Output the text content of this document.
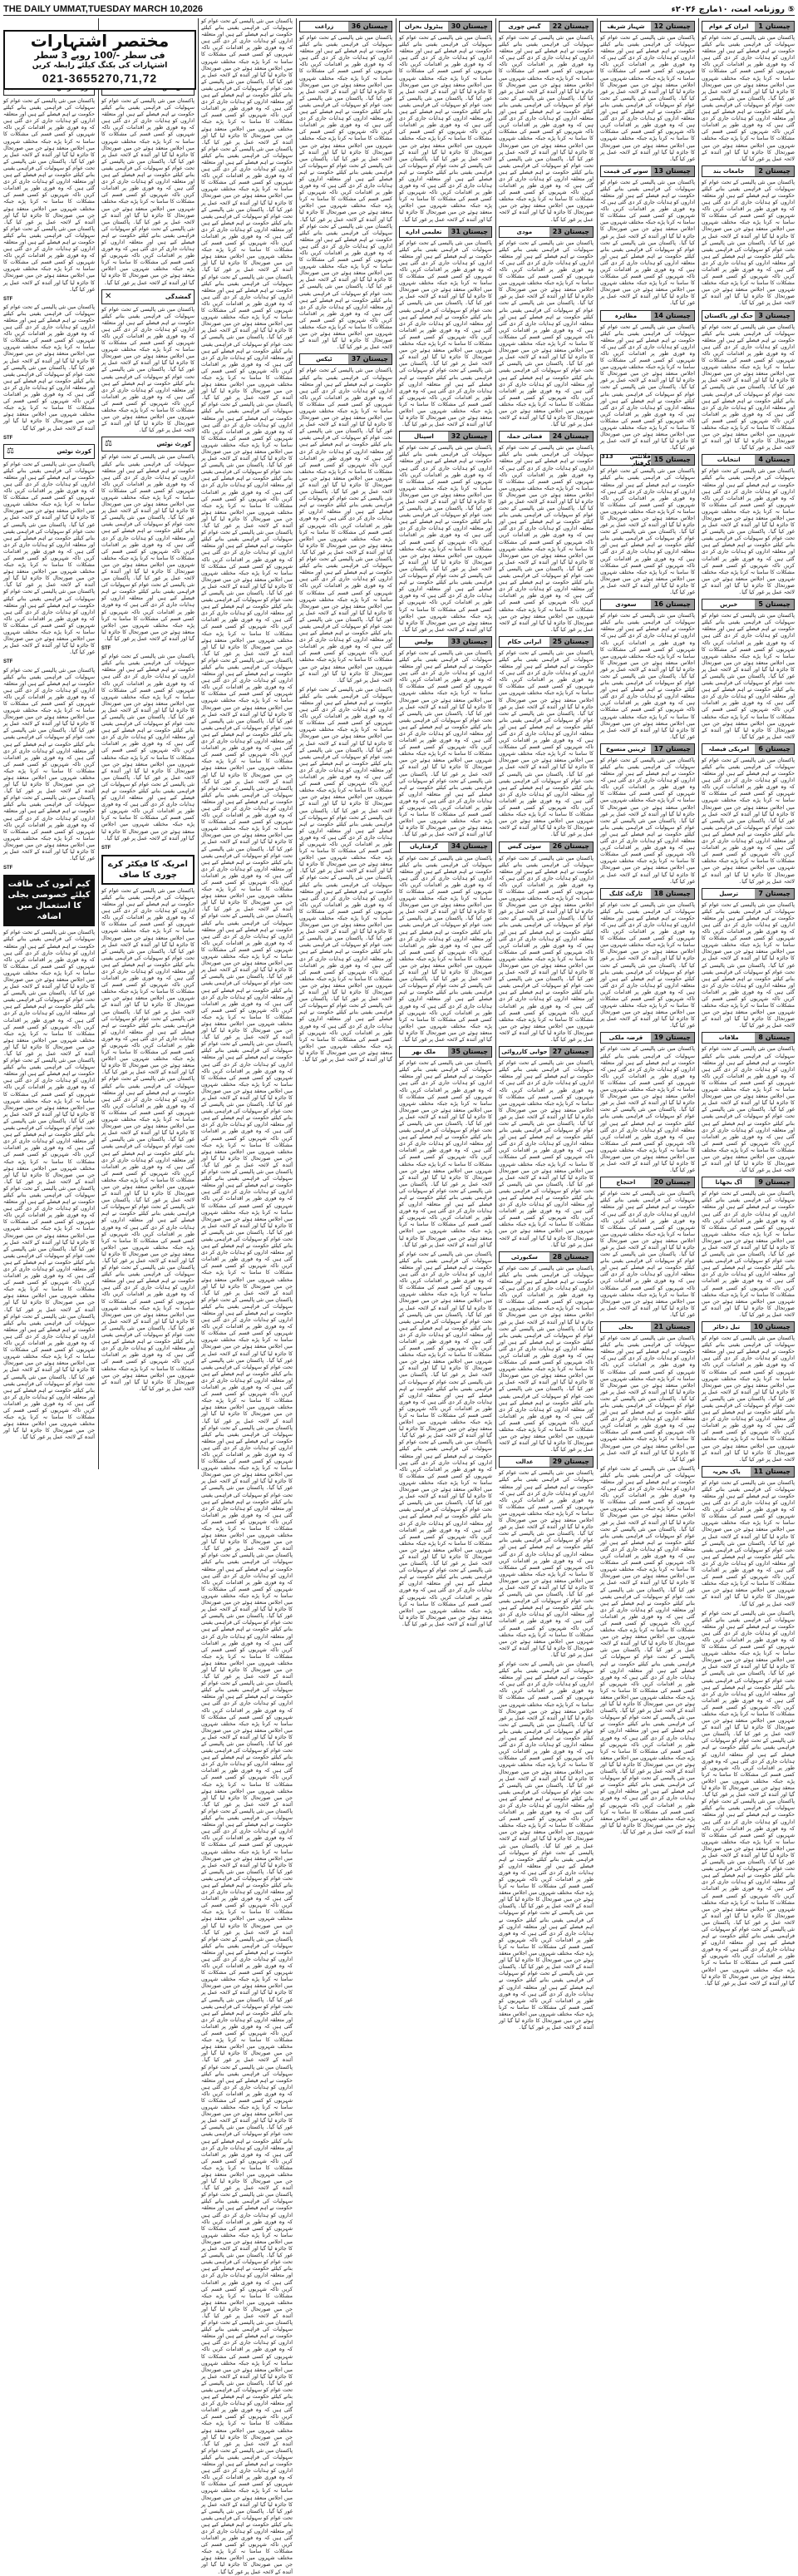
THE DAILY UMMAT,TUESDAY MARCH 10,2026	⑤ روزنامہ امت، ۱۰مارچ ۲۰۲۶ء
چیستان 1
ایران کے عوام
پاکستان میں نئی پالیسی کے تحت عوام کو سہولیات کی فراہمی یقینی بنانے کیلئے حکومت نے اہم فیصلے کیے ہیں اور متعلقہ اداروں کو ہدایات جاری کر دی گئی ہیں کہ وہ فوری طور پر اقدامات کریں تاکہ شہریوں کو کسی قسم کی مشکلات کا سامنا نہ کرنا پڑے جبکہ مختلف شہروں میں اجلاس منعقد ہوئے جن میں صورتحال کا جائزہ لیا گیا اور آئندہ کے لائحہ عمل پر غور کیا گیا۔ پاکستان میں نئی پالیسی کے تحت عوام کو سہولیات کی فراہمی یقینی بنانے کیلئے حکومت نے اہم فیصلے کیے ہیں اور متعلقہ اداروں کو ہدایات جاری کر دی گئی ہیں کہ وہ فوری طور پر اقدامات کریں تاکہ شہریوں کو کسی قسم کی مشکلات کا سامنا نہ کرنا پڑے جبکہ مختلف شہروں میں اجلاس منعقد ہوئے جن میں صورتحال کا جائزہ لیا گیا اور آئندہ کے لائحہ عمل پر غور کیا گیا۔
چیستان 2
جامعات بند
پاکستان میں نئی پالیسی کے تحت عوام کو سہولیات کی فراہمی یقینی بنانے کیلئے حکومت نے اہم فیصلے کیے ہیں اور متعلقہ اداروں کو ہدایات جاری کر دی گئی ہیں کہ وہ فوری طور پر اقدامات کریں تاکہ شہریوں کو کسی قسم کی مشکلات کا سامنا نہ کرنا پڑے جبکہ مختلف شہروں میں اجلاس منعقد ہوئے جن میں صورتحال کا جائزہ لیا گیا اور آئندہ کے لائحہ عمل پر غور کیا گیا۔ پاکستان میں نئی پالیسی کے تحت عوام کو سہولیات کی فراہمی یقینی بنانے کیلئے حکومت نے اہم فیصلے کیے ہیں اور متعلقہ اداروں کو ہدایات جاری کر دی گئی ہیں کہ وہ فوری طور پر اقدامات کریں تاکہ شہریوں کو کسی قسم کی مشکلات کا سامنا نہ کرنا پڑے جبکہ مختلف شہروں میں اجلاس منعقد ہوئے جن میں صورتحال کا جائزہ لیا گیا اور آئندہ کے لائحہ عمل پر غور کیا گیا۔
چیستان 3
جنگ اور پاکستان
پاکستان میں نئی پالیسی کے تحت عوام کو سہولیات کی فراہمی یقینی بنانے کیلئے حکومت نے اہم فیصلے کیے ہیں اور متعلقہ اداروں کو ہدایات جاری کر دی گئی ہیں کہ وہ فوری طور پر اقدامات کریں تاکہ شہریوں کو کسی قسم کی مشکلات کا سامنا نہ کرنا پڑے جبکہ مختلف شہروں میں اجلاس منعقد ہوئے جن میں صورتحال کا جائزہ لیا گیا اور آئندہ کے لائحہ عمل پر غور کیا گیا۔ پاکستان میں نئی پالیسی کے تحت عوام کو سہولیات کی فراہمی یقینی بنانے کیلئے حکومت نے اہم فیصلے کیے ہیں اور متعلقہ اداروں کو ہدایات جاری کر دی گئی ہیں کہ وہ فوری طور پر اقدامات کریں تاکہ شہریوں کو کسی قسم کی مشکلات کا سامنا نہ کرنا پڑے جبکہ مختلف شہروں میں اجلاس منعقد ہوئے جن میں صورتحال کا جائزہ لیا گیا اور آئندہ کے لائحہ عمل پر غور کیا گیا۔
چیستان 4
انتخابات
پاکستان میں نئی پالیسی کے تحت عوام کو سہولیات کی فراہمی یقینی بنانے کیلئے حکومت نے اہم فیصلے کیے ہیں اور متعلقہ اداروں کو ہدایات جاری کر دی گئی ہیں کہ وہ فوری طور پر اقدامات کریں تاکہ شہریوں کو کسی قسم کی مشکلات کا سامنا نہ کرنا پڑے جبکہ مختلف شہروں میں اجلاس منعقد ہوئے جن میں صورتحال کا جائزہ لیا گیا اور آئندہ کے لائحہ عمل پر غور کیا گیا۔ پاکستان میں نئی پالیسی کے تحت عوام کو سہولیات کی فراہمی یقینی بنانے کیلئے حکومت نے اہم فیصلے کیے ہیں اور متعلقہ اداروں کو ہدایات جاری کر دی گئی ہیں کہ وہ فوری طور پر اقدامات کریں تاکہ شہریوں کو کسی قسم کی مشکلات کا سامنا نہ کرنا پڑے جبکہ مختلف شہروں میں اجلاس منعقد ہوئے جن میں صورتحال کا جائزہ لیا گیا اور آئندہ کے لائحہ عمل پر غور کیا گیا۔
چیستان 5
خبریں
پاکستان میں نئی پالیسی کے تحت عوام کو سہولیات کی فراہمی یقینی بنانے کیلئے حکومت نے اہم فیصلے کیے ہیں اور متعلقہ اداروں کو ہدایات جاری کر دی گئی ہیں کہ وہ فوری طور پر اقدامات کریں تاکہ شہریوں کو کسی قسم کی مشکلات کا سامنا نہ کرنا پڑے جبکہ مختلف شہروں میں اجلاس منعقد ہوئے جن میں صورتحال کا جائزہ لیا گیا اور آئندہ کے لائحہ عمل پر غور کیا گیا۔ پاکستان میں نئی پالیسی کے تحت عوام کو سہولیات کی فراہمی یقینی بنانے کیلئے حکومت نے اہم فیصلے کیے ہیں اور متعلقہ اداروں کو ہدایات جاری کر دی گئی ہیں کہ وہ فوری طور پر اقدامات کریں تاکہ شہریوں کو کسی قسم کی مشکلات کا سامنا نہ کرنا پڑے جبکہ مختلف شہروں میں اجلاس منعقد ہوئے جن میں صورتحال کا جائزہ لیا گیا اور آئندہ کے لائحہ عمل پر غور کیا گیا۔
چیستان 6
امریکی فیصلہ
پاکستان میں نئی پالیسی کے تحت عوام کو سہولیات کی فراہمی یقینی بنانے کیلئے حکومت نے اہم فیصلے کیے ہیں اور متعلقہ اداروں کو ہدایات جاری کر دی گئی ہیں کہ وہ فوری طور پر اقدامات کریں تاکہ شہریوں کو کسی قسم کی مشکلات کا سامنا نہ کرنا پڑے جبکہ مختلف شہروں میں اجلاس منعقد ہوئے جن میں صورتحال کا جائزہ لیا گیا اور آئندہ کے لائحہ عمل پر غور کیا گیا۔ پاکستان میں نئی پالیسی کے تحت عوام کو سہولیات کی فراہمی یقینی بنانے کیلئے حکومت نے اہم فیصلے کیے ہیں اور متعلقہ اداروں کو ہدایات جاری کر دی گئی ہیں کہ وہ فوری طور پر اقدامات کریں تاکہ شہریوں کو کسی قسم کی مشکلات کا سامنا نہ کرنا پڑے جبکہ مختلف شہروں میں اجلاس منعقد ہوئے جن میں صورتحال کا جائزہ لیا گیا اور آئندہ کے لائحہ عمل پر غور کیا گیا۔
چیستان 7
ترسیل
پاکستان میں نئی پالیسی کے تحت عوام کو سہولیات کی فراہمی یقینی بنانے کیلئے حکومت نے اہم فیصلے کیے ہیں اور متعلقہ اداروں کو ہدایات جاری کر دی گئی ہیں کہ وہ فوری طور پر اقدامات کریں تاکہ شہریوں کو کسی قسم کی مشکلات کا سامنا نہ کرنا پڑے جبکہ مختلف شہروں میں اجلاس منعقد ہوئے جن میں صورتحال کا جائزہ لیا گیا اور آئندہ کے لائحہ عمل پر غور کیا گیا۔ پاکستان میں نئی پالیسی کے تحت عوام کو سہولیات کی فراہمی یقینی بنانے کیلئے حکومت نے اہم فیصلے کیے ہیں اور متعلقہ اداروں کو ہدایات جاری کر دی گئی ہیں کہ وہ فوری طور پر اقدامات کریں تاکہ شہریوں کو کسی قسم کی مشکلات کا سامنا نہ کرنا پڑے جبکہ مختلف شہروں میں اجلاس منعقد ہوئے جن میں صورتحال کا جائزہ لیا گیا اور آئندہ کے لائحہ عمل پر غور کیا گیا۔
چیستان 8
ملاقات
پاکستان میں نئی پالیسی کے تحت عوام کو سہولیات کی فراہمی یقینی بنانے کیلئے حکومت نے اہم فیصلے کیے ہیں اور متعلقہ اداروں کو ہدایات جاری کر دی گئی ہیں کہ وہ فوری طور پر اقدامات کریں تاکہ شہریوں کو کسی قسم کی مشکلات کا سامنا نہ کرنا پڑے جبکہ مختلف شہروں میں اجلاس منعقد ہوئے جن میں صورتحال کا جائزہ لیا گیا اور آئندہ کے لائحہ عمل پر غور کیا گیا۔ پاکستان میں نئی پالیسی کے تحت عوام کو سہولیات کی فراہمی یقینی بنانے کیلئے حکومت نے اہم فیصلے کیے ہیں اور متعلقہ اداروں کو ہدایات جاری کر دی گئی ہیں کہ وہ فوری طور پر اقدامات کریں تاکہ شہریوں کو کسی قسم کی مشکلات کا سامنا نہ کرنا پڑے جبکہ مختلف شہروں میں اجلاس منعقد ہوئے جن میں صورتحال کا جائزہ لیا گیا اور آئندہ کے لائحہ عمل پر غور کیا گیا۔
چیستان 9
آگ بجھانا
پاکستان میں نئی پالیسی کے تحت عوام کو سہولیات کی فراہمی یقینی بنانے کیلئے حکومت نے اہم فیصلے کیے ہیں اور متعلقہ اداروں کو ہدایات جاری کر دی گئی ہیں کہ وہ فوری طور پر اقدامات کریں تاکہ شہریوں کو کسی قسم کی مشکلات کا سامنا نہ کرنا پڑے جبکہ مختلف شہروں میں اجلاس منعقد ہوئے جن میں صورتحال کا جائزہ لیا گیا اور آئندہ کے لائحہ عمل پر غور کیا گیا۔ پاکستان میں نئی پالیسی کے تحت عوام کو سہولیات کی فراہمی یقینی بنانے کیلئے حکومت نے اہم فیصلے کیے ہیں اور متعلقہ اداروں کو ہدایات جاری کر دی گئی ہیں کہ وہ فوری طور پر اقدامات کریں تاکہ شہریوں کو کسی قسم کی مشکلات کا سامنا نہ کرنا پڑے جبکہ مختلف شہروں میں اجلاس منعقد ہوئے جن میں صورتحال کا جائزہ لیا گیا اور آئندہ کے لائحہ عمل پر غور کیا گیا۔
چیستان 10
تیل ذخائر
پاکستان میں نئی پالیسی کے تحت عوام کو سہولیات کی فراہمی یقینی بنانے کیلئے حکومت نے اہم فیصلے کیے ہیں اور متعلقہ اداروں کو ہدایات جاری کر دی گئی ہیں کہ وہ فوری طور پر اقدامات کریں تاکہ شہریوں کو کسی قسم کی مشکلات کا سامنا نہ کرنا پڑے جبکہ مختلف شہروں میں اجلاس منعقد ہوئے جن میں صورتحال کا جائزہ لیا گیا اور آئندہ کے لائحہ عمل پر غور کیا گیا۔ پاکستان میں نئی پالیسی کے تحت عوام کو سہولیات کی فراہمی یقینی بنانے کیلئے حکومت نے اہم فیصلے کیے ہیں اور متعلقہ اداروں کو ہدایات جاری کر دی گئی ہیں کہ وہ فوری طور پر اقدامات کریں تاکہ شہریوں کو کسی قسم کی مشکلات کا سامنا نہ کرنا پڑے جبکہ مختلف شہروں میں اجلاس منعقد ہوئے جن میں صورتحال کا جائزہ لیا گیا اور آئندہ کے لائحہ عمل پر غور کیا گیا۔
چیستان 11
پاک بحریہ
پاکستان میں نئی پالیسی کے تحت عوام کو سہولیات کی فراہمی یقینی بنانے کیلئے حکومت نے اہم فیصلے کیے ہیں اور متعلقہ اداروں کو ہدایات جاری کر دی گئی ہیں کہ وہ فوری طور پر اقدامات کریں تاکہ شہریوں کو کسی قسم کی مشکلات کا سامنا نہ کرنا پڑے جبکہ مختلف شہروں میں اجلاس منعقد ہوئے جن میں صورتحال کا جائزہ لیا گیا اور آئندہ کے لائحہ عمل پر غور کیا گیا۔ پاکستان میں نئی پالیسی کے تحت عوام کو سہولیات کی فراہمی یقینی بنانے کیلئے حکومت نے اہم فیصلے کیے ہیں اور متعلقہ اداروں کو ہدایات جاری کر دی گئی ہیں کہ وہ فوری طور پر اقدامات کریں تاکہ شہریوں کو کسی قسم کی مشکلات کا سامنا نہ کرنا پڑے جبکہ مختلف شہروں میں اجلاس منعقد ہوئے جن میں صورتحال کا جائزہ لیا گیا اور آئندہ کے لائحہ عمل پر غور کیا گیا۔
پاکستان میں نئی پالیسی کے تحت عوام کو سہولیات کی فراہمی یقینی بنانے کیلئے حکومت نے اہم فیصلے کیے ہیں اور متعلقہ اداروں کو ہدایات جاری کر دی گئی ہیں کہ وہ فوری طور پر اقدامات کریں تاکہ شہریوں کو کسی قسم کی مشکلات کا سامنا نہ کرنا پڑے جبکہ مختلف شہروں میں اجلاس منعقد ہوئے جن میں صورتحال کا جائزہ لیا گیا اور آئندہ کے لائحہ عمل پر غور کیا گیا۔ پاکستان میں نئی پالیسی کے تحت عوام کو سہولیات کی فراہمی یقینی بنانے کیلئے حکومت نے اہم فیصلے کیے ہیں اور متعلقہ اداروں کو ہدایات جاری کر دی گئی ہیں کہ وہ فوری طور پر اقدامات کریں تاکہ شہریوں کو کسی قسم کی مشکلات کا سامنا نہ کرنا پڑے جبکہ مختلف شہروں میں اجلاس منعقد ہوئے جن میں صورتحال کا جائزہ لیا گیا اور آئندہ کے لائحہ عمل پر غور کیا گیا۔ پاکستان میں نئی پالیسی کے تحت عوام کو سہولیات کی فراہمی یقینی بنانے کیلئے حکومت نے اہم فیصلے کیے ہیں اور متعلقہ اداروں کو ہدایات جاری کر دی گئی ہیں کہ وہ فوری طور پر اقدامات کریں تاکہ شہریوں کو کسی قسم کی مشکلات کا سامنا نہ کرنا پڑے جبکہ مختلف شہروں میں اجلاس منعقد ہوئے جن میں صورتحال کا جائزہ لیا گیا اور آئندہ کے لائحہ عمل پر غور کیا گیا۔ پاکستان میں نئی پالیسی کے تحت عوام کو سہولیات کی فراہمی یقینی بنانے کیلئے حکومت نے اہم فیصلے کیے ہیں اور متعلقہ اداروں کو ہدایات جاری کر دی گئی ہیں کہ وہ فوری طور پر اقدامات کریں تاکہ شہریوں کو کسی قسم کی مشکلات کا سامنا نہ کرنا پڑے جبکہ مختلف شہروں میں اجلاس منعقد ہوئے جن میں صورتحال کا جائزہ لیا گیا اور آئندہ کے لائحہ عمل پر غور کیا گیا۔ پاکستان میں نئی پالیسی کے تحت عوام کو سہولیات کی فراہمی یقینی بنانے کیلئے حکومت نے اہم فیصلے کیے ہیں اور متعلقہ اداروں کو ہدایات جاری کر دی گئی ہیں کہ وہ فوری طور پر اقدامات کریں تاکہ شہریوں کو کسی قسم کی مشکلات کا سامنا نہ کرنا پڑے جبکہ مختلف شہروں میں اجلاس منعقد ہوئے جن میں صورتحال کا جائزہ لیا گیا اور آئندہ کے لائحہ عمل پر غور کیا گیا۔ پاکستان میں نئی پالیسی کے تحت عوام کو سہولیات کی فراہمی یقینی بنانے کیلئے حکومت نے اہم فیصلے کیے ہیں اور متعلقہ اداروں کو ہدایات جاری کر دی گئی ہیں کہ وہ فوری طور پر اقدامات کریں تاکہ شہریوں کو کسی قسم کی مشکلات کا سامنا نہ کرنا پڑے جبکہ مختلف شہروں میں اجلاس منعقد ہوئے جن میں صورتحال کا جائزہ لیا گیا اور آئندہ کے لائحہ عمل پر غور کیا گیا۔
چیستان 12
شہباز شریف
پاکستان میں نئی پالیسی کے تحت عوام کو سہولیات کی فراہمی یقینی بنانے کیلئے حکومت نے اہم فیصلے کیے ہیں اور متعلقہ اداروں کو ہدایات جاری کر دی گئی ہیں کہ وہ فوری طور پر اقدامات کریں تاکہ شہریوں کو کسی قسم کی مشکلات کا سامنا نہ کرنا پڑے جبکہ مختلف شہروں میں اجلاس منعقد ہوئے جن میں صورتحال کا جائزہ لیا گیا اور آئندہ کے لائحہ عمل پر غور کیا گیا۔ پاکستان میں نئی پالیسی کے تحت عوام کو سہولیات کی فراہمی یقینی بنانے کیلئے حکومت نے اہم فیصلے کیے ہیں اور متعلقہ اداروں کو ہدایات جاری کر دی گئی ہیں کہ وہ فوری طور پر اقدامات کریں تاکہ شہریوں کو کسی قسم کی مشکلات کا سامنا نہ کرنا پڑے جبکہ مختلف شہروں میں اجلاس منعقد ہوئے جن میں صورتحال کا جائزہ لیا گیا اور آئندہ کے لائحہ عمل پر غور کیا گیا۔
چیستان 13
سونے کی قیمت
پاکستان میں نئی پالیسی کے تحت عوام کو سہولیات کی فراہمی یقینی بنانے کیلئے حکومت نے اہم فیصلے کیے ہیں اور متعلقہ اداروں کو ہدایات جاری کر دی گئی ہیں کہ وہ فوری طور پر اقدامات کریں تاکہ شہریوں کو کسی قسم کی مشکلات کا سامنا نہ کرنا پڑے جبکہ مختلف شہروں میں اجلاس منعقد ہوئے جن میں صورتحال کا جائزہ لیا گیا اور آئندہ کے لائحہ عمل پر غور کیا گیا۔ پاکستان میں نئی پالیسی کے تحت عوام کو سہولیات کی فراہمی یقینی بنانے کیلئے حکومت نے اہم فیصلے کیے ہیں اور متعلقہ اداروں کو ہدایات جاری کر دی گئی ہیں کہ وہ فوری طور پر اقدامات کریں تاکہ شہریوں کو کسی قسم کی مشکلات کا سامنا نہ کرنا پڑے جبکہ مختلف شہروں میں اجلاس منعقد ہوئے جن میں صورتحال کا جائزہ لیا گیا اور آئندہ کے لائحہ عمل پر غور کیا گیا۔
چیستان 14
مظاہرہ
پاکستان میں نئی پالیسی کے تحت عوام کو سہولیات کی فراہمی یقینی بنانے کیلئے حکومت نے اہم فیصلے کیے ہیں اور متعلقہ اداروں کو ہدایات جاری کر دی گئی ہیں کہ وہ فوری طور پر اقدامات کریں تاکہ شہریوں کو کسی قسم کی مشکلات کا سامنا نہ کرنا پڑے جبکہ مختلف شہروں میں اجلاس منعقد ہوئے جن میں صورتحال کا جائزہ لیا گیا اور آئندہ کے لائحہ عمل پر غور کیا گیا۔ پاکستان میں نئی پالیسی کے تحت عوام کو سہولیات کی فراہمی یقینی بنانے کیلئے حکومت نے اہم فیصلے کیے ہیں اور متعلقہ اداروں کو ہدایات جاری کر دی گئی ہیں کہ وہ فوری طور پر اقدامات کریں تاکہ شہریوں کو کسی قسم کی مشکلات کا سامنا نہ کرنا پڑے جبکہ مختلف شہروں میں اجلاس منعقد ہوئے جن میں صورتحال کا جائزہ لیا گیا اور آئندہ کے لائحہ عمل پر غور کیا گیا۔
چیستان 15
فلائٹس 313 گرفتار
پاکستان میں نئی پالیسی کے تحت عوام کو سہولیات کی فراہمی یقینی بنانے کیلئے حکومت نے اہم فیصلے کیے ہیں اور متعلقہ اداروں کو ہدایات جاری کر دی گئی ہیں کہ وہ فوری طور پر اقدامات کریں تاکہ شہریوں کو کسی قسم کی مشکلات کا سامنا نہ کرنا پڑے جبکہ مختلف شہروں میں اجلاس منعقد ہوئے جن میں صورتحال کا جائزہ لیا گیا اور آئندہ کے لائحہ عمل پر غور کیا گیا۔ پاکستان میں نئی پالیسی کے تحت عوام کو سہولیات کی فراہمی یقینی بنانے کیلئے حکومت نے اہم فیصلے کیے ہیں اور متعلقہ اداروں کو ہدایات جاری کر دی گئی ہیں کہ وہ فوری طور پر اقدامات کریں تاکہ شہریوں کو کسی قسم کی مشکلات کا سامنا نہ کرنا پڑے جبکہ مختلف شہروں میں اجلاس منعقد ہوئے جن میں صورتحال کا جائزہ لیا گیا اور آئندہ کے لائحہ عمل پر غور کیا گیا۔
چیستان 16
سعودی
پاکستان میں نئی پالیسی کے تحت عوام کو سہولیات کی فراہمی یقینی بنانے کیلئے حکومت نے اہم فیصلے کیے ہیں اور متعلقہ اداروں کو ہدایات جاری کر دی گئی ہیں کہ وہ فوری طور پر اقدامات کریں تاکہ شہریوں کو کسی قسم کی مشکلات کا سامنا نہ کرنا پڑے جبکہ مختلف شہروں میں اجلاس منعقد ہوئے جن میں صورتحال کا جائزہ لیا گیا اور آئندہ کے لائحہ عمل پر غور کیا گیا۔ پاکستان میں نئی پالیسی کے تحت عوام کو سہولیات کی فراہمی یقینی بنانے کیلئے حکومت نے اہم فیصلے کیے ہیں اور متعلقہ اداروں کو ہدایات جاری کر دی گئی ہیں کہ وہ فوری طور پر اقدامات کریں تاکہ شہریوں کو کسی قسم کی مشکلات کا سامنا نہ کرنا پڑے جبکہ مختلف شہروں میں اجلاس منعقد ہوئے جن میں صورتحال کا جائزہ لیا گیا اور آئندہ کے لائحہ عمل پر غور کیا گیا۔
چیستان 17
ٹرینیں منسوخ
پاکستان میں نئی پالیسی کے تحت عوام کو سہولیات کی فراہمی یقینی بنانے کیلئے حکومت نے اہم فیصلے کیے ہیں اور متعلقہ اداروں کو ہدایات جاری کر دی گئی ہیں کہ وہ فوری طور پر اقدامات کریں تاکہ شہریوں کو کسی قسم کی مشکلات کا سامنا نہ کرنا پڑے جبکہ مختلف شہروں میں اجلاس منعقد ہوئے جن میں صورتحال کا جائزہ لیا گیا اور آئندہ کے لائحہ عمل پر غور کیا گیا۔ پاکستان میں نئی پالیسی کے تحت عوام کو سہولیات کی فراہمی یقینی بنانے کیلئے حکومت نے اہم فیصلے کیے ہیں اور متعلقہ اداروں کو ہدایات جاری کر دی گئی ہیں کہ وہ فوری طور پر اقدامات کریں تاکہ شہریوں کو کسی قسم کی مشکلات کا سامنا نہ کرنا پڑے جبکہ مختلف شہروں میں اجلاس منعقد ہوئے جن میں صورتحال کا جائزہ لیا گیا اور آئندہ کے لائحہ عمل پر غور کیا گیا۔
چیستان 18
ٹارگٹ کلنگ
پاکستان میں نئی پالیسی کے تحت عوام کو سہولیات کی فراہمی یقینی بنانے کیلئے حکومت نے اہم فیصلے کیے ہیں اور متعلقہ اداروں کو ہدایات جاری کر دی گئی ہیں کہ وہ فوری طور پر اقدامات کریں تاکہ شہریوں کو کسی قسم کی مشکلات کا سامنا نہ کرنا پڑے جبکہ مختلف شہروں میں اجلاس منعقد ہوئے جن میں صورتحال کا جائزہ لیا گیا اور آئندہ کے لائحہ عمل پر غور کیا گیا۔ پاکستان میں نئی پالیسی کے تحت عوام کو سہولیات کی فراہمی یقینی بنانے کیلئے حکومت نے اہم فیصلے کیے ہیں اور متعلقہ اداروں کو ہدایات جاری کر دی گئی ہیں کہ وہ فوری طور پر اقدامات کریں تاکہ شہریوں کو کسی قسم کی مشکلات کا سامنا نہ کرنا پڑے جبکہ مختلف شہروں میں اجلاس منعقد ہوئے جن میں صورتحال کا جائزہ لیا گیا اور آئندہ کے لائحہ عمل پر غور کیا گیا۔
چیستان 19
قرضہ ملکی
پاکستان میں نئی پالیسی کے تحت عوام کو سہولیات کی فراہمی یقینی بنانے کیلئے حکومت نے اہم فیصلے کیے ہیں اور متعلقہ اداروں کو ہدایات جاری کر دی گئی ہیں کہ وہ فوری طور پر اقدامات کریں تاکہ شہریوں کو کسی قسم کی مشکلات کا سامنا نہ کرنا پڑے جبکہ مختلف شہروں میں اجلاس منعقد ہوئے جن میں صورتحال کا جائزہ لیا گیا اور آئندہ کے لائحہ عمل پر غور کیا گیا۔ پاکستان میں نئی پالیسی کے تحت عوام کو سہولیات کی فراہمی یقینی بنانے کیلئے حکومت نے اہم فیصلے کیے ہیں اور متعلقہ اداروں کو ہدایات جاری کر دی گئی ہیں کہ وہ فوری طور پر اقدامات کریں تاکہ شہریوں کو کسی قسم کی مشکلات کا سامنا نہ کرنا پڑے جبکہ مختلف شہروں میں اجلاس منعقد ہوئے جن میں صورتحال کا جائزہ لیا گیا اور آئندہ کے لائحہ عمل پر غور کیا گیا۔
چیستان 20
احتجاج
پاکستان میں نئی پالیسی کے تحت عوام کو سہولیات کی فراہمی یقینی بنانے کیلئے حکومت نے اہم فیصلے کیے ہیں اور متعلقہ اداروں کو ہدایات جاری کر دی گئی ہیں کہ وہ فوری طور پر اقدامات کریں تاکہ شہریوں کو کسی قسم کی مشکلات کا سامنا نہ کرنا پڑے جبکہ مختلف شہروں میں اجلاس منعقد ہوئے جن میں صورتحال کا جائزہ لیا گیا اور آئندہ کے لائحہ عمل پر غور کیا گیا۔ پاکستان میں نئی پالیسی کے تحت عوام کو سہولیات کی فراہمی یقینی بنانے کیلئے حکومت نے اہم فیصلے کیے ہیں اور متعلقہ اداروں کو ہدایات جاری کر دی گئی ہیں کہ وہ فوری طور پر اقدامات کریں تاکہ شہریوں کو کسی قسم کی مشکلات کا سامنا نہ کرنا پڑے جبکہ مختلف شہروں میں اجلاس منعقد ہوئے جن میں صورتحال کا جائزہ لیا گیا اور آئندہ کے لائحہ عمل پر غور کیا گیا۔
چیستان 21
بجلی
پاکستان میں نئی پالیسی کے تحت عوام کو سہولیات کی فراہمی یقینی بنانے کیلئے حکومت نے اہم فیصلے کیے ہیں اور متعلقہ اداروں کو ہدایات جاری کر دی گئی ہیں کہ وہ فوری طور پر اقدامات کریں تاکہ شہریوں کو کسی قسم کی مشکلات کا سامنا نہ کرنا پڑے جبکہ مختلف شہروں میں اجلاس منعقد ہوئے جن میں صورتحال کا جائزہ لیا گیا اور آئندہ کے لائحہ عمل پر غور کیا گیا۔ پاکستان میں نئی پالیسی کے تحت عوام کو سہولیات کی فراہمی یقینی بنانے کیلئے حکومت نے اہم فیصلے کیے ہیں اور متعلقہ اداروں کو ہدایات جاری کر دی گئی ہیں کہ وہ فوری طور پر اقدامات کریں تاکہ شہریوں کو کسی قسم کی مشکلات کا سامنا نہ کرنا پڑے جبکہ مختلف شہروں میں اجلاس منعقد ہوئے جن میں صورتحال کا جائزہ لیا گیا اور آئندہ کے لائحہ عمل پر غور کیا گیا۔
پاکستان میں نئی پالیسی کے تحت عوام کو سہولیات کی فراہمی یقینی بنانے کیلئے حکومت نے اہم فیصلے کیے ہیں اور متعلقہ اداروں کو ہدایات جاری کر دی گئی ہیں کہ وہ فوری طور پر اقدامات کریں تاکہ شہریوں کو کسی قسم کی مشکلات کا سامنا نہ کرنا پڑے جبکہ مختلف شہروں میں اجلاس منعقد ہوئے جن میں صورتحال کا جائزہ لیا گیا اور آئندہ کے لائحہ عمل پر غور کیا گیا۔ پاکستان میں نئی پالیسی کے تحت عوام کو سہولیات کی فراہمی یقینی بنانے کیلئے حکومت نے اہم فیصلے کیے ہیں اور متعلقہ اداروں کو ہدایات جاری کر دی گئی ہیں کہ وہ فوری طور پر اقدامات کریں تاکہ شہریوں کو کسی قسم کی مشکلات کا سامنا نہ کرنا پڑے جبکہ مختلف شہروں میں اجلاس منعقد ہوئے جن میں صورتحال کا جائزہ لیا گیا اور آئندہ کے لائحہ عمل پر غور کیا گیا۔ پاکستان میں نئی پالیسی کے تحت عوام کو سہولیات کی فراہمی یقینی بنانے کیلئے حکومت نے اہم فیصلے کیے ہیں اور متعلقہ اداروں کو ہدایات جاری کر دی گئی ہیں کہ وہ فوری طور پر اقدامات کریں تاکہ شہریوں کو کسی قسم کی مشکلات کا سامنا نہ کرنا پڑے جبکہ مختلف شہروں میں اجلاس منعقد ہوئے جن میں صورتحال کا جائزہ لیا گیا اور آئندہ کے لائحہ عمل پر غور کیا گیا۔ پاکستان میں نئی پالیسی کے تحت عوام کو سہولیات کی فراہمی یقینی بنانے کیلئے حکومت نے اہم فیصلے کیے ہیں اور متعلقہ اداروں کو ہدایات جاری کر دی گئی ہیں کہ وہ فوری طور پر اقدامات کریں تاکہ شہریوں کو کسی قسم کی مشکلات کا سامنا نہ کرنا پڑے جبکہ مختلف شہروں میں اجلاس منعقد ہوئے جن میں صورتحال کا جائزہ لیا گیا اور آئندہ کے لائحہ عمل پر غور کیا گیا۔ پاکستان میں نئی پالیسی کے تحت عوام کو سہولیات کی فراہمی یقینی بنانے کیلئے حکومت نے اہم فیصلے کیے ہیں اور متعلقہ اداروں کو ہدایات جاری کر دی گئی ہیں کہ وہ فوری طور پر اقدامات کریں تاکہ شہریوں کو کسی قسم کی مشکلات کا سامنا نہ کرنا پڑے جبکہ مختلف شہروں میں اجلاس منعقد ہوئے جن میں صورتحال کا جائزہ لیا گیا اور آئندہ کے لائحہ عمل پر غور کیا گیا۔ پاکستان میں نئی پالیسی کے تحت عوام کو سہولیات کی فراہمی یقینی بنانے کیلئے حکومت نے اہم فیصلے کیے ہیں اور متعلقہ اداروں کو ہدایات جاری کر دی گئی ہیں کہ وہ فوری طور پر اقدامات کریں تاکہ شہریوں کو کسی قسم کی مشکلات کا سامنا نہ کرنا پڑے جبکہ مختلف شہروں میں اجلاس منعقد ہوئے جن میں صورتحال کا جائزہ لیا گیا اور آئندہ کے لائحہ عمل پر غور کیا گیا۔
چیستان 22
گیس چوری
پاکستان میں نئی پالیسی کے تحت عوام کو سہولیات کی فراہمی یقینی بنانے کیلئے حکومت نے اہم فیصلے کیے ہیں اور متعلقہ اداروں کو ہدایات جاری کر دی گئی ہیں کہ وہ فوری طور پر اقدامات کریں تاکہ شہریوں کو کسی قسم کی مشکلات کا سامنا نہ کرنا پڑے جبکہ مختلف شہروں میں اجلاس منعقد ہوئے جن میں صورتحال کا جائزہ لیا گیا اور آئندہ کے لائحہ عمل پر غور کیا گیا۔ پاکستان میں نئی پالیسی کے تحت عوام کو سہولیات کی فراہمی یقینی بنانے کیلئے حکومت نے اہم فیصلے کیے ہیں اور متعلقہ اداروں کو ہدایات جاری کر دی گئی ہیں کہ وہ فوری طور پر اقدامات کریں تاکہ شہریوں کو کسی قسم کی مشکلات کا سامنا نہ کرنا پڑے جبکہ مختلف شہروں میں اجلاس منعقد ہوئے جن میں صورتحال کا جائزہ لیا گیا اور آئندہ کے لائحہ عمل پر غور کیا گیا۔ پاکستان میں نئی پالیسی کے تحت عوام کو سہولیات کی فراہمی یقینی بنانے کیلئے حکومت نے اہم فیصلے کیے ہیں اور متعلقہ اداروں کو ہدایات جاری کر دی گئی ہیں کہ وہ فوری طور پر اقدامات کریں تاکہ شہریوں کو کسی قسم کی مشکلات کا سامنا نہ کرنا پڑے جبکہ مختلف شہروں میں اجلاس منعقد ہوئے جن میں صورتحال کا جائزہ لیا گیا اور آئندہ کے لائحہ عمل پر غور کیا گیا۔
چیستان 23
مودی
پاکستان میں نئی پالیسی کے تحت عوام کو سہولیات کی فراہمی یقینی بنانے کیلئے حکومت نے اہم فیصلے کیے ہیں اور متعلقہ اداروں کو ہدایات جاری کر دی گئی ہیں کہ وہ فوری طور پر اقدامات کریں تاکہ شہریوں کو کسی قسم کی مشکلات کا سامنا نہ کرنا پڑے جبکہ مختلف شہروں میں اجلاس منعقد ہوئے جن میں صورتحال کا جائزہ لیا گیا اور آئندہ کے لائحہ عمل پر غور کیا گیا۔ پاکستان میں نئی پالیسی کے تحت عوام کو سہولیات کی فراہمی یقینی بنانے کیلئے حکومت نے اہم فیصلے کیے ہیں اور متعلقہ اداروں کو ہدایات جاری کر دی گئی ہیں کہ وہ فوری طور پر اقدامات کریں تاکہ شہریوں کو کسی قسم کی مشکلات کا سامنا نہ کرنا پڑے جبکہ مختلف شہروں میں اجلاس منعقد ہوئے جن میں صورتحال کا جائزہ لیا گیا اور آئندہ کے لائحہ عمل پر غور کیا گیا۔ پاکستان میں نئی پالیسی کے تحت عوام کو سہولیات کی فراہمی یقینی بنانے کیلئے حکومت نے اہم فیصلے کیے ہیں اور متعلقہ اداروں کو ہدایات جاری کر دی گئی ہیں کہ وہ فوری طور پر اقدامات کریں تاکہ شہریوں کو کسی قسم کی مشکلات کا سامنا نہ کرنا پڑے جبکہ مختلف شہروں میں اجلاس منعقد ہوئے جن میں صورتحال کا جائزہ لیا گیا اور آئندہ کے لائحہ عمل پر غور کیا گیا۔
چیستان 24
فضائی حملہ
پاکستان میں نئی پالیسی کے تحت عوام کو سہولیات کی فراہمی یقینی بنانے کیلئے حکومت نے اہم فیصلے کیے ہیں اور متعلقہ اداروں کو ہدایات جاری کر دی گئی ہیں کہ وہ فوری طور پر اقدامات کریں تاکہ شہریوں کو کسی قسم کی مشکلات کا سامنا نہ کرنا پڑے جبکہ مختلف شہروں میں اجلاس منعقد ہوئے جن میں صورتحال کا جائزہ لیا گیا اور آئندہ کے لائحہ عمل پر غور کیا گیا۔ پاکستان میں نئی پالیسی کے تحت عوام کو سہولیات کی فراہمی یقینی بنانے کیلئے حکومت نے اہم فیصلے کیے ہیں اور متعلقہ اداروں کو ہدایات جاری کر دی گئی ہیں کہ وہ فوری طور پر اقدامات کریں تاکہ شہریوں کو کسی قسم کی مشکلات کا سامنا نہ کرنا پڑے جبکہ مختلف شہروں میں اجلاس منعقد ہوئے جن میں صورتحال کا جائزہ لیا گیا اور آئندہ کے لائحہ عمل پر غور کیا گیا۔ پاکستان میں نئی پالیسی کے تحت عوام کو سہولیات کی فراہمی یقینی بنانے کیلئے حکومت نے اہم فیصلے کیے ہیں اور متعلقہ اداروں کو ہدایات جاری کر دی گئی ہیں کہ وہ فوری طور پر اقدامات کریں تاکہ شہریوں کو کسی قسم کی مشکلات کا سامنا نہ کرنا پڑے جبکہ مختلف شہروں میں اجلاس منعقد ہوئے جن میں صورتحال کا جائزہ لیا گیا اور آئندہ کے لائحہ عمل پر غور کیا گیا۔
چیستان 25
ایرانی حکام
پاکستان میں نئی پالیسی کے تحت عوام کو سہولیات کی فراہمی یقینی بنانے کیلئے حکومت نے اہم فیصلے کیے ہیں اور متعلقہ اداروں کو ہدایات جاری کر دی گئی ہیں کہ وہ فوری طور پر اقدامات کریں تاکہ شہریوں کو کسی قسم کی مشکلات کا سامنا نہ کرنا پڑے جبکہ مختلف شہروں میں اجلاس منعقد ہوئے جن میں صورتحال کا جائزہ لیا گیا اور آئندہ کے لائحہ عمل پر غور کیا گیا۔ پاکستان میں نئی پالیسی کے تحت عوام کو سہولیات کی فراہمی یقینی بنانے کیلئے حکومت نے اہم فیصلے کیے ہیں اور متعلقہ اداروں کو ہدایات جاری کر دی گئی ہیں کہ وہ فوری طور پر اقدامات کریں تاکہ شہریوں کو کسی قسم کی مشکلات کا سامنا نہ کرنا پڑے جبکہ مختلف شہروں میں اجلاس منعقد ہوئے جن میں صورتحال کا جائزہ لیا گیا اور آئندہ کے لائحہ عمل پر غور کیا گیا۔ پاکستان میں نئی پالیسی کے تحت عوام کو سہولیات کی فراہمی یقینی بنانے کیلئے حکومت نے اہم فیصلے کیے ہیں اور متعلقہ اداروں کو ہدایات جاری کر دی گئی ہیں کہ وہ فوری طور پر اقدامات کریں تاکہ شہریوں کو کسی قسم کی مشکلات کا سامنا نہ کرنا پڑے جبکہ مختلف شہروں میں اجلاس منعقد ہوئے جن میں صورتحال کا جائزہ لیا گیا اور آئندہ کے لائحہ عمل پر غور کیا گیا۔
چیستان 26
سوئی گیس
پاکستان میں نئی پالیسی کے تحت عوام کو سہولیات کی فراہمی یقینی بنانے کیلئے حکومت نے اہم فیصلے کیے ہیں اور متعلقہ اداروں کو ہدایات جاری کر دی گئی ہیں کہ وہ فوری طور پر اقدامات کریں تاکہ شہریوں کو کسی قسم کی مشکلات کا سامنا نہ کرنا پڑے جبکہ مختلف شہروں میں اجلاس منعقد ہوئے جن میں صورتحال کا جائزہ لیا گیا اور آئندہ کے لائحہ عمل پر غور کیا گیا۔ پاکستان میں نئی پالیسی کے تحت عوام کو سہولیات کی فراہمی یقینی بنانے کیلئے حکومت نے اہم فیصلے کیے ہیں اور متعلقہ اداروں کو ہدایات جاری کر دی گئی ہیں کہ وہ فوری طور پر اقدامات کریں تاکہ شہریوں کو کسی قسم کی مشکلات کا سامنا نہ کرنا پڑے جبکہ مختلف شہروں میں اجلاس منعقد ہوئے جن میں صورتحال کا جائزہ لیا گیا اور آئندہ کے لائحہ عمل پر غور کیا گیا۔ پاکستان میں نئی پالیسی کے تحت عوام کو سہولیات کی فراہمی یقینی بنانے کیلئے حکومت نے اہم فیصلے کیے ہیں اور متعلقہ اداروں کو ہدایات جاری کر دی گئی ہیں کہ وہ فوری طور پر اقدامات کریں تاکہ شہریوں کو کسی قسم کی مشکلات کا سامنا نہ کرنا پڑے جبکہ مختلف شہروں میں اجلاس منعقد ہوئے جن میں صورتحال کا جائزہ لیا گیا اور آئندہ کے لائحہ عمل پر غور کیا گیا۔
چیستان 27
جوابی کارروائی
پاکستان میں نئی پالیسی کے تحت عوام کو سہولیات کی فراہمی یقینی بنانے کیلئے حکومت نے اہم فیصلے کیے ہیں اور متعلقہ اداروں کو ہدایات جاری کر دی گئی ہیں کہ وہ فوری طور پر اقدامات کریں تاکہ شہریوں کو کسی قسم کی مشکلات کا سامنا نہ کرنا پڑے جبکہ مختلف شہروں میں اجلاس منعقد ہوئے جن میں صورتحال کا جائزہ لیا گیا اور آئندہ کے لائحہ عمل پر غور کیا گیا۔ پاکستان میں نئی پالیسی کے تحت عوام کو سہولیات کی فراہمی یقینی بنانے کیلئے حکومت نے اہم فیصلے کیے ہیں اور متعلقہ اداروں کو ہدایات جاری کر دی گئی ہیں کہ وہ فوری طور پر اقدامات کریں تاکہ شہریوں کو کسی قسم کی مشکلات کا سامنا نہ کرنا پڑے جبکہ مختلف شہروں میں اجلاس منعقد ہوئے جن میں صورتحال کا جائزہ لیا گیا اور آئندہ کے لائحہ عمل پر غور کیا گیا۔ پاکستان میں نئی پالیسی کے تحت عوام کو سہولیات کی فراہمی یقینی بنانے کیلئے حکومت نے اہم فیصلے کیے ہیں اور متعلقہ اداروں کو ہدایات جاری کر دی گئی ہیں کہ وہ فوری طور پر اقدامات کریں تاکہ شہریوں کو کسی قسم کی مشکلات کا سامنا نہ کرنا پڑے جبکہ مختلف شہروں میں اجلاس منعقد ہوئے جن میں صورتحال کا جائزہ لیا گیا اور آئندہ کے لائحہ عمل پر غور کیا گیا۔
چیستان 28
سکیورٹی
پاکستان میں نئی پالیسی کے تحت عوام کو سہولیات کی فراہمی یقینی بنانے کیلئے حکومت نے اہم فیصلے کیے ہیں اور متعلقہ اداروں کو ہدایات جاری کر دی گئی ہیں کہ وہ فوری طور پر اقدامات کریں تاکہ شہریوں کو کسی قسم کی مشکلات کا سامنا نہ کرنا پڑے جبکہ مختلف شہروں میں اجلاس منعقد ہوئے جن میں صورتحال کا جائزہ لیا گیا اور آئندہ کے لائحہ عمل پر غور کیا گیا۔ پاکستان میں نئی پالیسی کے تحت عوام کو سہولیات کی فراہمی یقینی بنانے کیلئے حکومت نے اہم فیصلے کیے ہیں اور متعلقہ اداروں کو ہدایات جاری کر دی گئی ہیں کہ وہ فوری طور پر اقدامات کریں تاکہ شہریوں کو کسی قسم کی مشکلات کا سامنا نہ کرنا پڑے جبکہ مختلف شہروں میں اجلاس منعقد ہوئے جن میں صورتحال کا جائزہ لیا گیا اور آئندہ کے لائحہ عمل پر غور کیا گیا۔ پاکستان میں نئی پالیسی کے تحت عوام کو سہولیات کی فراہمی یقینی بنانے کیلئے حکومت نے اہم فیصلے کیے ہیں اور متعلقہ اداروں کو ہدایات جاری کر دی گئی ہیں کہ وہ فوری طور پر اقدامات کریں تاکہ شہریوں کو کسی قسم کی مشکلات کا سامنا نہ کرنا پڑے جبکہ مختلف شہروں میں اجلاس منعقد ہوئے جن میں صورتحال کا جائزہ لیا گیا اور آئندہ کے لائحہ عمل پر غور کیا گیا۔
چیستان 29
عدالت
پاکستان میں نئی پالیسی کے تحت عوام کو سہولیات کی فراہمی یقینی بنانے کیلئے حکومت نے اہم فیصلے کیے ہیں اور متعلقہ اداروں کو ہدایات جاری کر دی گئی ہیں کہ وہ فوری طور پر اقدامات کریں تاکہ شہریوں کو کسی قسم کی مشکلات کا سامنا نہ کرنا پڑے جبکہ مختلف شہروں میں اجلاس منعقد ہوئے جن میں صورتحال کا جائزہ لیا گیا اور آئندہ کے لائحہ عمل پر غور کیا گیا۔ پاکستان میں نئی پالیسی کے تحت عوام کو سہولیات کی فراہمی یقینی بنانے کیلئے حکومت نے اہم فیصلے کیے ہیں اور متعلقہ اداروں کو ہدایات جاری کر دی گئی ہیں کہ وہ فوری طور پر اقدامات کریں تاکہ شہریوں کو کسی قسم کی مشکلات کا سامنا نہ کرنا پڑے جبکہ مختلف شہروں میں اجلاس منعقد ہوئے جن میں صورتحال کا جائزہ لیا گیا اور آئندہ کے لائحہ عمل پر غور کیا گیا۔ پاکستان میں نئی پالیسی کے تحت عوام کو سہولیات کی فراہمی یقینی بنانے کیلئے حکومت نے اہم فیصلے کیے ہیں اور متعلقہ اداروں کو ہدایات جاری کر دی گئی ہیں کہ وہ فوری طور پر اقدامات کریں تاکہ شہریوں کو کسی قسم کی مشکلات کا سامنا نہ کرنا پڑے جبکہ مختلف شہروں میں اجلاس منعقد ہوئے جن میں صورتحال کا جائزہ لیا گیا اور آئندہ کے لائحہ عمل پر غور کیا گیا۔
پاکستان میں نئی پالیسی کے تحت عوام کو سہولیات کی فراہمی یقینی بنانے کیلئے حکومت نے اہم فیصلے کیے ہیں اور متعلقہ اداروں کو ہدایات جاری کر دی گئی ہیں کہ وہ فوری طور پر اقدامات کریں تاکہ شہریوں کو کسی قسم کی مشکلات کا سامنا نہ کرنا پڑے جبکہ مختلف شہروں میں اجلاس منعقد ہوئے جن میں صورتحال کا جائزہ لیا گیا اور آئندہ کے لائحہ عمل پر غور کیا گیا۔ پاکستان میں نئی پالیسی کے تحت عوام کو سہولیات کی فراہمی یقینی بنانے کیلئے حکومت نے اہم فیصلے کیے ہیں اور متعلقہ اداروں کو ہدایات جاری کر دی گئی ہیں کہ وہ فوری طور پر اقدامات کریں تاکہ شہریوں کو کسی قسم کی مشکلات کا سامنا نہ کرنا پڑے جبکہ مختلف شہروں میں اجلاس منعقد ہوئے جن میں صورتحال کا جائزہ لیا گیا اور آئندہ کے لائحہ عمل پر غور کیا گیا۔ پاکستان میں نئی پالیسی کے تحت عوام کو سہولیات کی فراہمی یقینی بنانے کیلئے حکومت نے اہم فیصلے کیے ہیں اور متعلقہ اداروں کو ہدایات جاری کر دی گئی ہیں کہ وہ فوری طور پر اقدامات کریں تاکہ شہریوں کو کسی قسم کی مشکلات کا سامنا نہ کرنا پڑے جبکہ مختلف شہروں میں اجلاس منعقد ہوئے جن میں صورتحال کا جائزہ لیا گیا اور آئندہ کے لائحہ عمل پر غور کیا گیا۔ پاکستان میں نئی پالیسی کے تحت عوام کو سہولیات کی فراہمی یقینی بنانے کیلئے حکومت نے اہم فیصلے کیے ہیں اور متعلقہ اداروں کو ہدایات جاری کر دی گئی ہیں کہ وہ فوری طور پر اقدامات کریں تاکہ شہریوں کو کسی قسم کی مشکلات کا سامنا نہ کرنا پڑے جبکہ مختلف شہروں میں اجلاس منعقد ہوئے جن میں صورتحال کا جائزہ لیا گیا اور آئندہ کے لائحہ عمل پر غور کیا گیا۔ پاکستان میں نئی پالیسی کے تحت عوام کو سہولیات کی فراہمی یقینی بنانے کیلئے حکومت نے اہم فیصلے کیے ہیں اور متعلقہ اداروں کو ہدایات جاری کر دی گئی ہیں کہ وہ فوری طور پر اقدامات کریں تاکہ شہریوں کو کسی قسم کی مشکلات کا سامنا نہ کرنا پڑے جبکہ مختلف شہروں میں اجلاس منعقد ہوئے جن میں صورتحال کا جائزہ لیا گیا اور آئندہ کے لائحہ عمل پر غور کیا گیا۔ پاکستان میں نئی پالیسی کے تحت عوام کو سہولیات کی فراہمی یقینی بنانے کیلئے حکومت نے اہم فیصلے کیے ہیں اور متعلقہ اداروں کو ہدایات جاری کر دی گئی ہیں کہ وہ فوری طور پر اقدامات کریں تاکہ شہریوں کو کسی قسم کی مشکلات کا سامنا نہ کرنا پڑے جبکہ مختلف شہروں میں اجلاس منعقد ہوئے جن میں صورتحال کا جائزہ لیا گیا اور آئندہ کے لائحہ عمل پر غور کیا گیا۔
چیستان 30
پیٹرول بحران
پاکستان میں نئی پالیسی کے تحت عوام کو سہولیات کی فراہمی یقینی بنانے کیلئے حکومت نے اہم فیصلے کیے ہیں اور متعلقہ اداروں کو ہدایات جاری کر دی گئی ہیں کہ وہ فوری طور پر اقدامات کریں تاکہ شہریوں کو کسی قسم کی مشکلات کا سامنا نہ کرنا پڑے جبکہ مختلف شہروں میں اجلاس منعقد ہوئے جن میں صورتحال کا جائزہ لیا گیا اور آئندہ کے لائحہ عمل پر غور کیا گیا۔ پاکستان میں نئی پالیسی کے تحت عوام کو سہولیات کی فراہمی یقینی بنانے کیلئے حکومت نے اہم فیصلے کیے ہیں اور متعلقہ اداروں کو ہدایات جاری کر دی گئی ہیں کہ وہ فوری طور پر اقدامات کریں تاکہ شہریوں کو کسی قسم کی مشکلات کا سامنا نہ کرنا پڑے جبکہ مختلف شہروں میں اجلاس منعقد ہوئے جن میں صورتحال کا جائزہ لیا گیا اور آئندہ کے لائحہ عمل پر غور کیا گیا۔ پاکستان میں نئی پالیسی کے تحت عوام کو سہولیات کی فراہمی یقینی بنانے کیلئے حکومت نے اہم فیصلے کیے ہیں اور متعلقہ اداروں کو ہدایات جاری کر دی گئی ہیں کہ وہ فوری طور پر اقدامات کریں تاکہ شہریوں کو کسی قسم کی مشکلات کا سامنا نہ کرنا پڑے جبکہ مختلف شہروں میں اجلاس منعقد ہوئے جن میں صورتحال کا جائزہ لیا گیا اور آئندہ کے لائحہ عمل پر غور کیا گیا۔
چیستان 31
تعلیمی ادارے
پاکستان میں نئی پالیسی کے تحت عوام کو سہولیات کی فراہمی یقینی بنانے کیلئے حکومت نے اہم فیصلے کیے ہیں اور متعلقہ اداروں کو ہدایات جاری کر دی گئی ہیں کہ وہ فوری طور پر اقدامات کریں تاکہ شہریوں کو کسی قسم کی مشکلات کا سامنا نہ کرنا پڑے جبکہ مختلف شہروں میں اجلاس منعقد ہوئے جن میں صورتحال کا جائزہ لیا گیا اور آئندہ کے لائحہ عمل پر غور کیا گیا۔ پاکستان میں نئی پالیسی کے تحت عوام کو سہولیات کی فراہمی یقینی بنانے کیلئے حکومت نے اہم فیصلے کیے ہیں اور متعلقہ اداروں کو ہدایات جاری کر دی گئی ہیں کہ وہ فوری طور پر اقدامات کریں تاکہ شہریوں کو کسی قسم کی مشکلات کا سامنا نہ کرنا پڑے جبکہ مختلف شہروں میں اجلاس منعقد ہوئے جن میں صورتحال کا جائزہ لیا گیا اور آئندہ کے لائحہ عمل پر غور کیا گیا۔ پاکستان میں نئی پالیسی کے تحت عوام کو سہولیات کی فراہمی یقینی بنانے کیلئے حکومت نے اہم فیصلے کیے ہیں اور متعلقہ اداروں کو ہدایات جاری کر دی گئی ہیں کہ وہ فوری طور پر اقدامات کریں تاکہ شہریوں کو کسی قسم کی مشکلات کا سامنا نہ کرنا پڑے جبکہ مختلف شہروں میں اجلاس منعقد ہوئے جن میں صورتحال کا جائزہ لیا گیا اور آئندہ کے لائحہ عمل پر غور کیا گیا۔
چیستان 32
اسپتال
پاکستان میں نئی پالیسی کے تحت عوام کو سہولیات کی فراہمی یقینی بنانے کیلئے حکومت نے اہم فیصلے کیے ہیں اور متعلقہ اداروں کو ہدایات جاری کر دی گئی ہیں کہ وہ فوری طور پر اقدامات کریں تاکہ شہریوں کو کسی قسم کی مشکلات کا سامنا نہ کرنا پڑے جبکہ مختلف شہروں میں اجلاس منعقد ہوئے جن میں صورتحال کا جائزہ لیا گیا اور آئندہ کے لائحہ عمل پر غور کیا گیا۔ پاکستان میں نئی پالیسی کے تحت عوام کو سہولیات کی فراہمی یقینی بنانے کیلئے حکومت نے اہم فیصلے کیے ہیں اور متعلقہ اداروں کو ہدایات جاری کر دی گئی ہیں کہ وہ فوری طور پر اقدامات کریں تاکہ شہریوں کو کسی قسم کی مشکلات کا سامنا نہ کرنا پڑے جبکہ مختلف شہروں میں اجلاس منعقد ہوئے جن میں صورتحال کا جائزہ لیا گیا اور آئندہ کے لائحہ عمل پر غور کیا گیا۔ پاکستان میں نئی پالیسی کے تحت عوام کو سہولیات کی فراہمی یقینی بنانے کیلئے حکومت نے اہم فیصلے کیے ہیں اور متعلقہ اداروں کو ہدایات جاری کر دی گئی ہیں کہ وہ فوری طور پر اقدامات کریں تاکہ شہریوں کو کسی قسم کی مشکلات کا سامنا نہ کرنا پڑے جبکہ مختلف شہروں میں اجلاس منعقد ہوئے جن میں صورتحال کا جائزہ لیا گیا اور آئندہ کے لائحہ عمل پر غور کیا گیا۔
چیستان 33
پولیس
پاکستان میں نئی پالیسی کے تحت عوام کو سہولیات کی فراہمی یقینی بنانے کیلئے حکومت نے اہم فیصلے کیے ہیں اور متعلقہ اداروں کو ہدایات جاری کر دی گئی ہیں کہ وہ فوری طور پر اقدامات کریں تاکہ شہریوں کو کسی قسم کی مشکلات کا سامنا نہ کرنا پڑے جبکہ مختلف شہروں میں اجلاس منعقد ہوئے جن میں صورتحال کا جائزہ لیا گیا اور آئندہ کے لائحہ عمل پر غور کیا گیا۔ پاکستان میں نئی پالیسی کے تحت عوام کو سہولیات کی فراہمی یقینی بنانے کیلئے حکومت نے اہم فیصلے کیے ہیں اور متعلقہ اداروں کو ہدایات جاری کر دی گئی ہیں کہ وہ فوری طور پر اقدامات کریں تاکہ شہریوں کو کسی قسم کی مشکلات کا سامنا نہ کرنا پڑے جبکہ مختلف شہروں میں اجلاس منعقد ہوئے جن میں صورتحال کا جائزہ لیا گیا اور آئندہ کے لائحہ عمل پر غور کیا گیا۔ پاکستان میں نئی پالیسی کے تحت عوام کو سہولیات کی فراہمی یقینی بنانے کیلئے حکومت نے اہم فیصلے کیے ہیں اور متعلقہ اداروں کو ہدایات جاری کر دی گئی ہیں کہ وہ فوری طور پر اقدامات کریں تاکہ شہریوں کو کسی قسم کی مشکلات کا سامنا نہ کرنا پڑے جبکہ مختلف شہروں میں اجلاس منعقد ہوئے جن میں صورتحال کا جائزہ لیا گیا اور آئندہ کے لائحہ عمل پر غور کیا گیا۔
چیستان 34
گرفتاریاں
پاکستان میں نئی پالیسی کے تحت عوام کو سہولیات کی فراہمی یقینی بنانے کیلئے حکومت نے اہم فیصلے کیے ہیں اور متعلقہ اداروں کو ہدایات جاری کر دی گئی ہیں کہ وہ فوری طور پر اقدامات کریں تاکہ شہریوں کو کسی قسم کی مشکلات کا سامنا نہ کرنا پڑے جبکہ مختلف شہروں میں اجلاس منعقد ہوئے جن میں صورتحال کا جائزہ لیا گیا اور آئندہ کے لائحہ عمل پر غور کیا گیا۔ پاکستان میں نئی پالیسی کے تحت عوام کو سہولیات کی فراہمی یقینی بنانے کیلئے حکومت نے اہم فیصلے کیے ہیں اور متعلقہ اداروں کو ہدایات جاری کر دی گئی ہیں کہ وہ فوری طور پر اقدامات کریں تاکہ شہریوں کو کسی قسم کی مشکلات کا سامنا نہ کرنا پڑے جبکہ مختلف شہروں میں اجلاس منعقد ہوئے جن میں صورتحال کا جائزہ لیا گیا اور آئندہ کے لائحہ عمل پر غور کیا گیا۔ پاکستان میں نئی پالیسی کے تحت عوام کو سہولیات کی فراہمی یقینی بنانے کیلئے حکومت نے اہم فیصلے کیے ہیں اور متعلقہ اداروں کو ہدایات جاری کر دی گئی ہیں کہ وہ فوری طور پر اقدامات کریں تاکہ شہریوں کو کسی قسم کی مشکلات کا سامنا نہ کرنا پڑے جبکہ مختلف شہروں میں اجلاس منعقد ہوئے جن میں صورتحال کا جائزہ لیا گیا اور آئندہ کے لائحہ عمل پر غور کیا گیا۔
چیستان 35
ملک بھر
پاکستان میں نئی پالیسی کے تحت عوام کو سہولیات کی فراہمی یقینی بنانے کیلئے حکومت نے اہم فیصلے کیے ہیں اور متعلقہ اداروں کو ہدایات جاری کر دی گئی ہیں کہ وہ فوری طور پر اقدامات کریں تاکہ شہریوں کو کسی قسم کی مشکلات کا سامنا نہ کرنا پڑے جبکہ مختلف شہروں میں اجلاس منعقد ہوئے جن میں صورتحال کا جائزہ لیا گیا اور آئندہ کے لائحہ عمل پر غور کیا گیا۔ پاکستان میں نئی پالیسی کے تحت عوام کو سہولیات کی فراہمی یقینی بنانے کیلئے حکومت نے اہم فیصلے کیے ہیں اور متعلقہ اداروں کو ہدایات جاری کر دی گئی ہیں کہ وہ فوری طور پر اقدامات کریں تاکہ شہریوں کو کسی قسم کی مشکلات کا سامنا نہ کرنا پڑے جبکہ مختلف شہروں میں اجلاس منعقد ہوئے جن میں صورتحال کا جائزہ لیا گیا اور آئندہ کے لائحہ عمل پر غور کیا گیا۔ پاکستان میں نئی پالیسی کے تحت عوام کو سہولیات کی فراہمی یقینی بنانے کیلئے حکومت نے اہم فیصلے کیے ہیں اور متعلقہ اداروں کو ہدایات جاری کر دی گئی ہیں کہ وہ فوری طور پر اقدامات کریں تاکہ شہریوں کو کسی قسم کی مشکلات کا سامنا نہ کرنا پڑے جبکہ مختلف شہروں میں اجلاس منعقد ہوئے جن میں صورتحال کا جائزہ لیا گیا اور آئندہ کے لائحہ عمل پر غور کیا گیا۔
پاکستان میں نئی پالیسی کے تحت عوام کو سہولیات کی فراہمی یقینی بنانے کیلئے حکومت نے اہم فیصلے کیے ہیں اور متعلقہ اداروں کو ہدایات جاری کر دی گئی ہیں کہ وہ فوری طور پر اقدامات کریں تاکہ شہریوں کو کسی قسم کی مشکلات کا سامنا نہ کرنا پڑے جبکہ مختلف شہروں میں اجلاس منعقد ہوئے جن میں صورتحال کا جائزہ لیا گیا اور آئندہ کے لائحہ عمل پر غور کیا گیا۔ پاکستان میں نئی پالیسی کے تحت عوام کو سہولیات کی فراہمی یقینی بنانے کیلئے حکومت نے اہم فیصلے کیے ہیں اور متعلقہ اداروں کو ہدایات جاری کر دی گئی ہیں کہ وہ فوری طور پر اقدامات کریں تاکہ شہریوں کو کسی قسم کی مشکلات کا سامنا نہ کرنا پڑے جبکہ مختلف شہروں میں اجلاس منعقد ہوئے جن میں صورتحال کا جائزہ لیا گیا اور آئندہ کے لائحہ عمل پر غور کیا گیا۔ پاکستان میں نئی پالیسی کے تحت عوام کو سہولیات کی فراہمی یقینی بنانے کیلئے حکومت نے اہم فیصلے کیے ہیں اور متعلقہ اداروں کو ہدایات جاری کر دی گئی ہیں کہ وہ فوری طور پر اقدامات کریں تاکہ شہریوں کو کسی قسم کی مشکلات کا سامنا نہ کرنا پڑے جبکہ مختلف شہروں میں اجلاس منعقد ہوئے جن میں صورتحال کا جائزہ لیا گیا اور آئندہ کے لائحہ عمل پر غور کیا گیا۔ پاکستان میں نئی پالیسی کے تحت عوام کو سہولیات کی فراہمی یقینی بنانے کیلئے حکومت نے اہم فیصلے کیے ہیں اور متعلقہ اداروں کو ہدایات جاری کر دی گئی ہیں کہ وہ فوری طور پر اقدامات کریں تاکہ شہریوں کو کسی قسم کی مشکلات کا سامنا نہ کرنا پڑے جبکہ مختلف شہروں میں اجلاس منعقد ہوئے جن میں صورتحال کا جائزہ لیا گیا اور آئندہ کے لائحہ عمل پر غور کیا گیا۔ پاکستان میں نئی پالیسی کے تحت عوام کو سہولیات کی فراہمی یقینی بنانے کیلئے حکومت نے اہم فیصلے کیے ہیں اور متعلقہ اداروں کو ہدایات جاری کر دی گئی ہیں کہ وہ فوری طور پر اقدامات کریں تاکہ شہریوں کو کسی قسم کی مشکلات کا سامنا نہ کرنا پڑے جبکہ مختلف شہروں میں اجلاس منعقد ہوئے جن میں صورتحال کا جائزہ لیا گیا اور آئندہ کے لائحہ عمل پر غور کیا گیا۔ پاکستان میں نئی پالیسی کے تحت عوام کو سہولیات کی فراہمی یقینی بنانے کیلئے حکومت نے اہم فیصلے کیے ہیں اور متعلقہ اداروں کو ہدایات جاری کر دی گئی ہیں کہ وہ فوری طور پر اقدامات کریں تاکہ شہریوں کو کسی قسم کی مشکلات کا سامنا نہ کرنا پڑے جبکہ مختلف شہروں میں اجلاس منعقد ہوئے جن میں صورتحال کا جائزہ لیا گیا اور آئندہ کے لائحہ عمل پر غور کیا گیا۔
چیستان 36
زراعت
پاکستان میں نئی پالیسی کے تحت عوام کو سہولیات کی فراہمی یقینی بنانے کیلئے حکومت نے اہم فیصلے کیے ہیں اور متعلقہ اداروں کو ہدایات جاری کر دی گئی ہیں کہ وہ فوری طور پر اقدامات کریں تاکہ شہریوں کو کسی قسم کی مشکلات کا سامنا نہ کرنا پڑے جبکہ مختلف شہروں میں اجلاس منعقد ہوئے جن میں صورتحال کا جائزہ لیا گیا اور آئندہ کے لائحہ عمل پر غور کیا گیا۔ پاکستان میں نئی پالیسی کے تحت عوام کو سہولیات کی فراہمی یقینی بنانے کیلئے حکومت نے اہم فیصلے کیے ہیں اور متعلقہ اداروں کو ہدایات جاری کر دی گئی ہیں کہ وہ فوری طور پر اقدامات کریں تاکہ شہریوں کو کسی قسم کی مشکلات کا سامنا نہ کرنا پڑے جبکہ مختلف شہروں میں اجلاس منعقد ہوئے جن میں صورتحال کا جائزہ لیا گیا اور آئندہ کے لائحہ عمل پر غور کیا گیا۔ پاکستان میں نئی پالیسی کے تحت عوام کو سہولیات کی فراہمی یقینی بنانے کیلئے حکومت نے اہم فیصلے کیے ہیں اور متعلقہ اداروں کو ہدایات جاری کر دی گئی ہیں کہ وہ فوری طور پر اقدامات کریں تاکہ شہریوں کو کسی قسم کی مشکلات کا سامنا نہ کرنا پڑے جبکہ مختلف شہروں میں اجلاس منعقد ہوئے جن میں صورتحال کا جائزہ لیا گیا اور آئندہ کے لائحہ عمل پر غور کیا گیا۔ پاکستان میں نئی پالیسی کے تحت عوام کو سہولیات کی فراہمی یقینی بنانے کیلئے حکومت نے اہم فیصلے کیے ہیں اور متعلقہ اداروں کو ہدایات جاری کر دی گئی ہیں کہ وہ فوری طور پر اقدامات کریں تاکہ شہریوں کو کسی قسم کی مشکلات کا سامنا نہ کرنا پڑے جبکہ مختلف شہروں میں اجلاس منعقد ہوئے جن میں صورتحال کا جائزہ لیا گیا اور آئندہ کے لائحہ عمل پر غور کیا گیا۔ پاکستان میں نئی پالیسی کے تحت عوام کو سہولیات کی فراہمی یقینی بنانے کیلئے حکومت نے اہم فیصلے کیے ہیں اور متعلقہ اداروں کو ہدایات جاری کر دی گئی ہیں کہ وہ فوری طور پر اقدامات کریں تاکہ شہریوں کو کسی قسم کی مشکلات کا سامنا نہ کرنا پڑے جبکہ مختلف شہروں میں اجلاس منعقد ہوئے جن میں صورتحال کا جائزہ لیا گیا اور آئندہ کے لائحہ عمل پر غور کیا گیا۔
چیستان 37
ٹیکس
پاکستان میں نئی پالیسی کے تحت عوام کو سہولیات کی فراہمی یقینی بنانے کیلئے حکومت نے اہم فیصلے کیے ہیں اور متعلقہ اداروں کو ہدایات جاری کر دی گئی ہیں کہ وہ فوری طور پر اقدامات کریں تاکہ شہریوں کو کسی قسم کی مشکلات کا سامنا نہ کرنا پڑے جبکہ مختلف شہروں میں اجلاس منعقد ہوئے جن میں صورتحال کا جائزہ لیا گیا اور آئندہ کے لائحہ عمل پر غور کیا گیا۔ پاکستان میں نئی پالیسی کے تحت عوام کو سہولیات کی فراہمی یقینی بنانے کیلئے حکومت نے اہم فیصلے کیے ہیں اور متعلقہ اداروں کو ہدایات جاری کر دی گئی ہیں کہ وہ فوری طور پر اقدامات کریں تاکہ شہریوں کو کسی قسم کی مشکلات کا سامنا نہ کرنا پڑے جبکہ مختلف شہروں میں اجلاس منعقد ہوئے جن میں صورتحال کا جائزہ لیا گیا اور آئندہ کے لائحہ عمل پر غور کیا گیا۔ پاکستان میں نئی پالیسی کے تحت عوام کو سہولیات کی فراہمی یقینی بنانے کیلئے حکومت نے اہم فیصلے کیے ہیں اور متعلقہ اداروں کو ہدایات جاری کر دی گئی ہیں کہ وہ فوری طور پر اقدامات کریں تاکہ شہریوں کو کسی قسم کی مشکلات کا سامنا نہ کرنا پڑے جبکہ مختلف شہروں میں اجلاس منعقد ہوئے جن میں صورتحال کا جائزہ لیا گیا اور آئندہ کے لائحہ عمل پر غور کیا گیا۔ پاکستان میں نئی پالیسی کے تحت عوام کو سہولیات کی فراہمی یقینی بنانے کیلئے حکومت نے اہم فیصلے کیے ہیں اور متعلقہ اداروں کو ہدایات جاری کر دی گئی ہیں کہ وہ فوری طور پر اقدامات کریں تاکہ شہریوں کو کسی قسم کی مشکلات کا سامنا نہ کرنا پڑے جبکہ مختلف شہروں میں اجلاس منعقد ہوئے جن میں صورتحال کا جائزہ لیا گیا اور آئندہ کے لائحہ عمل پر غور کیا گیا۔ پاکستان میں نئی پالیسی کے تحت عوام کو سہولیات کی فراہمی یقینی بنانے کیلئے حکومت نے اہم فیصلے کیے ہیں اور متعلقہ اداروں کو ہدایات جاری کر دی گئی ہیں کہ وہ فوری طور پر اقدامات کریں تاکہ شہریوں کو کسی قسم کی مشکلات کا سامنا نہ کرنا پڑے جبکہ مختلف شہروں میں اجلاس منعقد ہوئے جن میں صورتحال کا جائزہ لیا گیا اور آئندہ کے لائحہ عمل پر غور کیا گیا۔
پاکستان میں نئی پالیسی کے تحت عوام کو سہولیات کی فراہمی یقینی بنانے کیلئے حکومت نے اہم فیصلے کیے ہیں اور متعلقہ اداروں کو ہدایات جاری کر دی گئی ہیں کہ وہ فوری طور پر اقدامات کریں تاکہ شہریوں کو کسی قسم کی مشکلات کا سامنا نہ کرنا پڑے جبکہ مختلف شہروں میں اجلاس منعقد ہوئے جن میں صورتحال کا جائزہ لیا گیا اور آئندہ کے لائحہ عمل پر غور کیا گیا۔ پاکستان میں نئی پالیسی کے تحت عوام کو سہولیات کی فراہمی یقینی بنانے کیلئے حکومت نے اہم فیصلے کیے ہیں اور متعلقہ اداروں کو ہدایات جاری کر دی گئی ہیں کہ وہ فوری طور پر اقدامات کریں تاکہ شہریوں کو کسی قسم کی مشکلات کا سامنا نہ کرنا پڑے جبکہ مختلف شہروں میں اجلاس منعقد ہوئے جن میں صورتحال کا جائزہ لیا گیا اور آئندہ کے لائحہ عمل پر غور کیا گیا۔ پاکستان میں نئی پالیسی کے تحت عوام کو سہولیات کی فراہمی یقینی بنانے کیلئے حکومت نے اہم فیصلے کیے ہیں اور متعلقہ اداروں کو ہدایات جاری کر دی گئی ہیں کہ وہ فوری طور پر اقدامات کریں تاکہ شہریوں کو کسی قسم کی مشکلات کا سامنا نہ کرنا پڑے جبکہ مختلف شہروں میں اجلاس منعقد ہوئے جن میں صورتحال کا جائزہ لیا گیا اور آئندہ کے لائحہ عمل پر غور کیا گیا۔ پاکستان میں نئی پالیسی کے تحت عوام کو سہولیات کی فراہمی یقینی بنانے کیلئے حکومت نے اہم فیصلے کیے ہیں اور متعلقہ اداروں کو ہدایات جاری کر دی گئی ہیں کہ وہ فوری طور پر اقدامات کریں تاکہ شہریوں کو کسی قسم کی مشکلات کا سامنا نہ کرنا پڑے جبکہ مختلف شہروں میں اجلاس منعقد ہوئے جن میں صورتحال کا جائزہ لیا گیا اور آئندہ کے لائحہ عمل پر غور کیا گیا۔ پاکستان میں نئی پالیسی کے تحت عوام کو سہولیات کی فراہمی یقینی بنانے کیلئے حکومت نے اہم فیصلے کیے ہیں اور متعلقہ اداروں کو ہدایات جاری کر دی گئی ہیں کہ وہ فوری طور پر اقدامات کریں تاکہ شہریوں کو کسی قسم کی مشکلات کا سامنا نہ کرنا پڑے جبکہ مختلف شہروں میں اجلاس منعقد ہوئے جن میں صورتحال کا جائزہ لیا گیا اور آئندہ کے لائحہ عمل پر غور کیا گیا۔ پاکستان میں نئی پالیسی کے تحت عوام کو سہولیات کی فراہمی یقینی بنانے کیلئے حکومت نے اہم فیصلے کیے ہیں اور متعلقہ اداروں کو ہدایات جاری کر دی گئی ہیں کہ وہ فوری طور پر اقدامات کریں تاکہ شہریوں کو کسی قسم کی مشکلات کا سامنا نہ کرنا پڑے جبکہ مختلف شہروں میں اجلاس منعقد ہوئے جن میں صورتحال کا جائزہ لیا گیا اور آئندہ کے لائحہ عمل پر غور کیا گیا۔
پاکستان میں نئی پالیسی کے تحت عوام کو سہولیات کی فراہمی یقینی بنانے کیلئے حکومت نے اہم فیصلے کیے ہیں اور متعلقہ اداروں کو ہدایات جاری کر دی گئی ہیں کہ وہ فوری طور پر اقدامات کریں تاکہ شہریوں کو کسی قسم کی مشکلات کا سامنا نہ کرنا پڑے جبکہ مختلف شہروں میں اجلاس منعقد ہوئے جن میں صورتحال کا جائزہ لیا گیا اور آئندہ کے لائحہ عمل پر غور کیا گیا۔ پاکستان میں نئی پالیسی کے تحت عوام کو سہولیات کی فراہمی یقینی بنانے کیلئے حکومت نے اہم فیصلے کیے ہیں اور متعلقہ اداروں کو ہدایات جاری کر دی گئی ہیں کہ وہ فوری طور پر اقدامات کریں تاکہ شہریوں کو کسی قسم کی مشکلات کا سامنا نہ کرنا پڑے جبکہ مختلف شہروں میں اجلاس منعقد ہوئے جن میں صورتحال کا جائزہ لیا گیا اور آئندہ کے لائحہ عمل پر غور کیا گیا۔ پاکستان میں نئی پالیسی کے تحت عوام کو سہولیات کی فراہمی یقینی بنانے کیلئے حکومت نے اہم فیصلے کیے ہیں اور متعلقہ اداروں کو ہدایات جاری کر دی گئی ہیں کہ وہ فوری طور پر اقدامات کریں تاکہ شہریوں کو کسی قسم کی مشکلات کا سامنا نہ کرنا پڑے جبکہ مختلف شہروں میں اجلاس منعقد ہوئے جن میں صورتحال کا جائزہ لیا گیا اور آئندہ کے لائحہ عمل پر غور کیا گیا۔ پاکستان میں نئی پالیسی کے تحت عوام کو سہولیات کی فراہمی یقینی بنانے کیلئے حکومت نے اہم فیصلے کیے ہیں اور متعلقہ اداروں کو ہدایات جاری کر دی گئی ہیں کہ وہ فوری طور پر اقدامات کریں تاکہ شہریوں کو کسی قسم کی مشکلات کا سامنا نہ کرنا پڑے جبکہ مختلف شہروں میں اجلاس منعقد ہوئے جن میں صورتحال کا جائزہ لیا گیا اور آئندہ کے لائحہ عمل پر غور کیا گیا۔ پاکستان میں نئی پالیسی کے تحت عوام کو سہولیات کی فراہمی یقینی بنانے کیلئے حکومت نے اہم فیصلے کیے ہیں اور متعلقہ اداروں کو ہدایات جاری کر دی گئی ہیں کہ وہ فوری طور پر اقدامات کریں تاکہ شہریوں کو کسی قسم کی مشکلات کا سامنا نہ کرنا پڑے جبکہ مختلف شہروں میں اجلاس منعقد ہوئے جن میں صورتحال کا جائزہ لیا گیا اور آئندہ کے لائحہ عمل پر غور کیا گیا۔ پاکستان میں نئی پالیسی کے تحت عوام کو سہولیات کی فراہمی یقینی بنانے کیلئے حکومت نے اہم فیصلے کیے ہیں اور متعلقہ اداروں کو ہدایات جاری کر دی گئی ہیں کہ وہ فوری طور پر اقدامات کریں تاکہ شہریوں کو کسی قسم کی مشکلات کا سامنا نہ کرنا پڑے جبکہ مختلف شہروں میں اجلاس منعقد ہوئے جن میں صورتحال کا جائزہ لیا گیا اور آئندہ کے لائحہ عمل پر غور کیا گیا۔ پاکستان میں نئی پالیسی کے تحت عوام کو سہولیات کی فراہمی یقینی بنانے کیلئے حکومت نے اہم فیصلے کیے ہیں اور متعلقہ اداروں کو ہدایات جاری کر دی گئی ہیں کہ وہ فوری طور پر اقدامات کریں تاکہ شہریوں کو کسی قسم کی مشکلات کا سامنا نہ کرنا پڑے جبکہ مختلف شہروں میں اجلاس منعقد ہوئے جن میں صورتحال کا جائزہ لیا گیا اور آئندہ کے لائحہ عمل پر غور کیا گیا۔ پاکستان میں نئی پالیسی کے تحت عوام کو سہولیات کی فراہمی یقینی بنانے کیلئے حکومت نے اہم فیصلے کیے ہیں اور متعلقہ اداروں کو ہدایات جاری کر دی گئی ہیں کہ وہ فوری طور پر اقدامات کریں تاکہ شہریوں کو کسی قسم کی مشکلات کا سامنا نہ کرنا پڑے جبکہ مختلف شہروں میں اجلاس منعقد ہوئے جن میں صورتحال کا جائزہ لیا گیا اور آئندہ کے لائحہ عمل پر غور کیا گیا۔ پاکستان میں نئی پالیسی کے تحت عوام کو سہولیات کی فراہمی یقینی بنانے کیلئے حکومت نے اہم فیصلے کیے ہیں اور متعلقہ اداروں کو ہدایات جاری کر دی گئی ہیں کہ وہ فوری طور پر اقدامات کریں تاکہ شہریوں کو کسی قسم کی مشکلات کا سامنا نہ کرنا پڑے جبکہ مختلف شہروں میں اجلاس منعقد ہوئے جن میں صورتحال کا جائزہ لیا گیا اور آئندہ کے لائحہ عمل پر غور کیا گیا۔ پاکستان میں نئی پالیسی کے تحت عوام کو سہولیات کی فراہمی یقینی بنانے کیلئے حکومت نے اہم فیصلے کیے ہیں اور متعلقہ اداروں کو ہدایات جاری کر دی گئی ہیں کہ وہ فوری طور پر اقدامات کریں تاکہ شہریوں کو کسی قسم کی مشکلات کا سامنا نہ کرنا پڑے جبکہ مختلف شہروں میں اجلاس منعقد ہوئے جن میں صورتحال کا جائزہ لیا گیا اور آئندہ کے لائحہ عمل پر غور کیا گیا۔ پاکستان میں نئی پالیسی کے تحت عوام کو سہولیات کی فراہمی یقینی بنانے کیلئے حکومت نے اہم فیصلے کیے ہیں اور متعلقہ اداروں کو ہدایات جاری کر دی گئی ہیں کہ وہ فوری طور پر اقدامات کریں تاکہ شہریوں کو کسی قسم کی مشکلات کا سامنا نہ کرنا پڑے جبکہ مختلف شہروں میں اجلاس منعقد ہوئے جن میں صورتحال کا جائزہ لیا گیا اور آئندہ کے لائحہ عمل پر غور کیا گیا۔ پاکستان میں نئی پالیسی کے تحت عوام کو سہولیات کی فراہمی یقینی بنانے کیلئے حکومت نے اہم فیصلے کیے ہیں اور متعلقہ اداروں کو ہدایات جاری کر دی گئی ہیں کہ وہ فوری طور پر اقدامات کریں تاکہ شہریوں کو کسی قسم کی مشکلات کا سامنا نہ کرنا پڑے جبکہ مختلف شہروں میں اجلاس منعقد ہوئے جن میں صورتحال کا جائزہ لیا گیا اور آئندہ کے لائحہ عمل پر غور کیا گیا۔ پاکستان میں نئی پالیسی کے تحت عوام کو سہولیات کی فراہمی یقینی بنانے کیلئے حکومت نے اہم فیصلے کیے ہیں اور متعلقہ اداروں کو ہدایات جاری کر دی گئی ہیں کہ وہ فوری طور پر اقدامات کریں تاکہ شہریوں کو کسی قسم کی مشکلات کا سامنا نہ کرنا پڑے جبکہ مختلف شہروں میں اجلاس منعقد ہوئے جن میں صورتحال کا جائزہ لیا گیا اور آئندہ کے لائحہ عمل پر غور کیا گیا۔ پاکستان میں نئی پالیسی کے تحت عوام کو سہولیات کی فراہمی یقینی بنانے کیلئے حکومت نے اہم فیصلے کیے ہیں اور متعلقہ اداروں کو ہدایات جاری کر دی گئی ہیں کہ وہ فوری طور پر اقدامات کریں تاکہ شہریوں کو کسی قسم کی مشکلات کا سامنا نہ کرنا پڑے جبکہ مختلف شہروں میں اجلاس منعقد ہوئے جن میں صورتحال کا جائزہ لیا گیا اور آئندہ کے لائحہ عمل پر غور کیا گیا۔ پاکستان میں نئی پالیسی کے تحت عوام کو سہولیات کی فراہمی یقینی بنانے کیلئے حکومت نے اہم فیصلے کیے ہیں اور متعلقہ اداروں کو ہدایات جاری کر دی گئی ہیں کہ وہ فوری طور پر اقدامات کریں تاکہ شہریوں کو کسی قسم کی مشکلات کا سامنا نہ کرنا پڑے جبکہ مختلف شہروں میں اجلاس منعقد ہوئے جن میں صورتحال کا جائزہ لیا گیا اور آئندہ کے لائحہ عمل پر غور کیا گیا۔ پاکستان میں نئی پالیسی کے تحت عوام کو سہولیات کی فراہمی یقینی بنانے کیلئے حکومت نے اہم فیصلے کیے ہیں اور متعلقہ اداروں کو ہدایات جاری کر دی گئی ہیں کہ وہ فوری طور پر اقدامات کریں تاکہ شہریوں کو کسی قسم کی مشکلات کا سامنا نہ کرنا پڑے جبکہ مختلف شہروں میں اجلاس منعقد ہوئے جن میں صورتحال کا جائزہ لیا گیا اور آئندہ کے لائحہ عمل پر غور کیا گیا۔ پاکستان میں نئی پالیسی کے تحت عوام کو سہولیات کی فراہمی یقینی بنانے کیلئے حکومت نے اہم فیصلے کیے ہیں اور متعلقہ اداروں کو ہدایات جاری کر دی گئی ہیں کہ وہ فوری طور پر اقدامات کریں تاکہ شہریوں کو کسی قسم کی مشکلات کا سامنا نہ کرنا پڑے جبکہ مختلف شہروں میں اجلاس منعقد ہوئے جن میں صورتحال کا جائزہ لیا گیا اور آئندہ کے لائحہ عمل پر غور کیا گیا۔ پاکستان میں نئی پالیسی کے تحت عوام کو سہولیات کی فراہمی یقینی بنانے کیلئے حکومت نے اہم فیصلے کیے ہیں اور متعلقہ اداروں کو ہدایات جاری کر دی گئی ہیں کہ وہ فوری طور پر اقدامات کریں تاکہ شہریوں کو کسی قسم کی مشکلات کا سامنا نہ کرنا پڑے جبکہ مختلف شہروں میں اجلاس منعقد ہوئے جن میں صورتحال کا جائزہ لیا گیا اور آئندہ کے لائحہ عمل پر غور کیا گیا۔ پاکستان میں نئی پالیسی کے تحت عوام کو سہولیات کی فراہمی یقینی بنانے کیلئے حکومت نے اہم فیصلے کیے ہیں اور متعلقہ اداروں کو ہدایات جاری کر دی گئی ہیں کہ وہ فوری طور پر اقدامات کریں تاکہ شہریوں کو کسی قسم کی مشکلات کا سامنا نہ کرنا پڑے جبکہ مختلف شہروں میں اجلاس منعقد ہوئے جن میں صورتحال کا جائزہ لیا گیا اور آئندہ کے لائحہ عمل پر غور کیا گیا۔ پاکستان میں نئی پالیسی کے تحت عوام کو سہولیات کی فراہمی یقینی بنانے کیلئے حکومت نے اہم فیصلے کیے ہیں اور متعلقہ اداروں کو ہدایات جاری کر دی گئی ہیں کہ وہ فوری طور پر اقدامات کریں تاکہ شہریوں کو کسی قسم کی مشکلات کا سامنا نہ کرنا پڑے جبکہ مختلف شہروں میں اجلاس منعقد ہوئے جن میں صورتحال کا جائزہ لیا گیا اور آئندہ کے لائحہ عمل پر غور کیا گیا۔ پاکستان میں نئی پالیسی کے تحت عوام کو سہولیات کی فراہمی یقینی بنانے کیلئے حکومت نے اہم فیصلے کیے ہیں اور متعلقہ اداروں کو ہدایات جاری کر دی گئی ہیں کہ وہ فوری طور پر اقدامات کریں تاکہ شہریوں کو کسی قسم کی مشکلات کا سامنا نہ کرنا پڑے جبکہ مختلف شہروں میں اجلاس منعقد ہوئے جن میں صورتحال کا جائزہ لیا گیا اور آئندہ کے لائحہ عمل پر غور کیا گیا۔ پاکستان میں نئی پالیسی کے تحت عوام کو سہولیات کی فراہمی یقینی بنانے کیلئے حکومت نے اہم فیصلے کیے ہیں اور متعلقہ اداروں کو ہدایات جاری کر دی گئی ہیں کہ وہ فوری طور پر اقدامات کریں تاکہ شہریوں کو کسی قسم کی مشکلات کا سامنا نہ کرنا پڑے جبکہ مختلف شہروں میں اجلاس منعقد ہوئے جن میں صورتحال کا جائزہ لیا گیا اور آئندہ کے لائحہ عمل پر غور کیا گیا۔ پاکستان میں نئی پالیسی کے تحت عوام کو سہولیات کی فراہمی یقینی بنانے کیلئے حکومت نے اہم فیصلے کیے ہیں اور متعلقہ اداروں کو ہدایات جاری کر دی گئی ہیں کہ وہ فوری طور پر اقدامات کریں تاکہ شہریوں کو کسی قسم کی مشکلات کا سامنا نہ کرنا پڑے جبکہ مختلف شہروں میں اجلاس منعقد ہوئے جن میں صورتحال کا جائزہ لیا گیا اور آئندہ کے لائحہ عمل پر غور کیا گیا۔ پاکستان میں نئی پالیسی کے تحت عوام کو سہولیات کی فراہمی یقینی بنانے کیلئے حکومت نے اہم فیصلے کیے ہیں اور متعلقہ اداروں کو ہدایات جاری کر دی گئی ہیں کہ وہ فوری طور پر اقدامات کریں تاکہ شہریوں کو کسی قسم کی مشکلات کا سامنا نہ کرنا پڑے جبکہ مختلف شہروں میں اجلاس منعقد ہوئے جن میں صورتحال کا جائزہ لیا گیا اور آئندہ کے لائحہ عمل پر غور کیا گیا۔ پاکستان میں نئی پالیسی کے تحت عوام کو سہولیات کی فراہمی یقینی بنانے کیلئے حکومت نے اہم فیصلے کیے ہیں اور متعلقہ اداروں کو ہدایات جاری کر دی گئی ہیں کہ وہ فوری طور پر اقدامات کریں تاکہ شہریوں کو کسی قسم کی مشکلات کا سامنا نہ کرنا پڑے جبکہ مختلف شہروں میں اجلاس منعقد ہوئے جن میں صورتحال کا جائزہ لیا گیا اور آئندہ کے لائحہ عمل پر غور کیا گیا۔ پاکستان میں نئی پالیسی کے تحت عوام کو سہولیات کی فراہمی یقینی بنانے کیلئے حکومت نے اہم فیصلے کیے ہیں اور متعلقہ اداروں کو ہدایات جاری کر دی گئی ہیں کہ وہ فوری طور پر اقدامات کریں تاکہ شہریوں کو کسی قسم کی مشکلات کا سامنا نہ کرنا پڑے جبکہ مختلف شہروں میں اجلاس منعقد ہوئے جن میں صورتحال کا جائزہ لیا گیا اور آئندہ کے لائحہ عمل پر غور کیا گیا۔ پاکستان میں نئی پالیسی کے تحت عوام کو سہولیات کی فراہمی یقینی بنانے کیلئے حکومت نے اہم فیصلے کیے ہیں اور متعلقہ اداروں کو ہدایات جاری کر دی گئی ہیں کہ وہ فوری طور پر اقدامات کریں تاکہ شہریوں کو کسی قسم کی مشکلات کا سامنا نہ کرنا پڑے جبکہ مختلف شہروں میں اجلاس منعقد ہوئے جن میں صورتحال کا جائزہ لیا گیا اور آئندہ کے لائحہ عمل پر غور کیا گیا۔ پاکستان میں نئی پالیسی کے تحت عوام کو سہولیات کی فراہمی یقینی بنانے کیلئے حکومت نے اہم فیصلے کیے ہیں اور متعلقہ اداروں کو ہدایات جاری کر دی گئی ہیں کہ وہ فوری طور پر اقدامات کریں تاکہ شہریوں کو کسی قسم کی مشکلات کا سامنا نہ کرنا پڑے جبکہ مختلف شہروں میں اجلاس منعقد ہوئے جن میں صورتحال کا جائزہ لیا گیا اور آئندہ کے لائحہ عمل پر غور کیا گیا۔ پاکستان میں نئی پالیسی کے تحت عوام کو سہولیات کی فراہمی یقینی بنانے کیلئے حکومت نے اہم فیصلے کیے ہیں اور متعلقہ اداروں کو ہدایات جاری کر دی گئی ہیں کہ وہ فوری طور پر اقدامات کریں تاکہ شہریوں کو کسی قسم کی مشکلات کا سامنا نہ کرنا پڑے جبکہ مختلف شہروں میں اجلاس منعقد ہوئے جن میں صورتحال کا جائزہ لیا گیا اور آئندہ کے لائحہ عمل پر غور کیا گیا۔ پاکستان میں نئی پالیسی کے تحت عوام کو سہولیات کی فراہمی یقینی بنانے کیلئے حکومت نے اہم فیصلے کیے ہیں اور متعلقہ اداروں کو ہدایات جاری کر دی گئی ہیں کہ وہ فوری طور پر اقدامات کریں تاکہ شہریوں کو کسی قسم کی مشکلات کا سامنا نہ کرنا پڑے جبکہ مختلف شہروں میں اجلاس منعقد ہوئے جن میں صورتحال کا جائزہ لیا گیا اور آئندہ کے لائحہ عمل پر غور کیا گیا۔ پاکستان میں نئی پالیسی کے تحت عوام کو سہولیات کی فراہمی یقینی بنانے کیلئے حکومت نے اہم فیصلے کیے ہیں اور متعلقہ اداروں کو ہدایات جاری کر دی گئی ہیں کہ وہ فوری طور پر اقدامات کریں تاکہ شہریوں کو کسی قسم کی مشکلات کا سامنا نہ کرنا پڑے جبکہ مختلف شہروں میں اجلاس منعقد ہوئے جن میں صورتحال کا جائزہ لیا گیا اور آئندہ کے لائحہ عمل پر غور کیا گیا۔ پاکستان میں نئی پالیسی کے تحت عوام کو سہولیات کی فراہمی یقینی بنانے کیلئے حکومت نے اہم فیصلے کیے ہیں اور متعلقہ اداروں کو ہدایات جاری کر دی گئی ہیں کہ وہ فوری طور پر اقدامات کریں تاکہ شہریوں کو کسی قسم کی مشکلات کا سامنا نہ کرنا پڑے جبکہ مختلف شہروں میں اجلاس منعقد ہوئے جن میں صورتحال کا جائزہ لیا گیا اور آئندہ کے لائحہ عمل پر غور کیا گیا۔ پاکستان میں نئی پالیسی کے تحت عوام کو سہولیات کی فراہمی یقینی بنانے کیلئے حکومت نے اہم فیصلے کیے ہیں اور متعلقہ اداروں کو ہدایات جاری کر دی گئی ہیں کہ وہ فوری طور پر اقدامات کریں تاکہ شہریوں کو کسی قسم کی مشکلات کا سامنا نہ کرنا پڑے جبکہ مختلف شہروں میں اجلاس منعقد ہوئے جن میں صورتحال کا جائزہ لیا گیا اور آئندہ کے لائحہ عمل پر غور کیا گیا۔ پاکستان میں نئی پالیسی کے تحت عوام کو سہولیات کی فراہمی یقینی بنانے کیلئے حکومت نے اہم فیصلے کیے ہیں اور متعلقہ اداروں کو ہدایات جاری کر دی گئی ہیں کہ وہ فوری طور پر اقدامات کریں تاکہ شہریوں کو کسی قسم کی مشکلات کا سامنا نہ کرنا پڑے جبکہ مختلف شہروں میں اجلاس منعقد ہوئے جن میں صورتحال کا جائزہ لیا گیا اور آئندہ کے لائحہ عمل پر غور کیا گیا۔ پاکستان میں نئی پالیسی کے تحت عوام کو سہولیات کی فراہمی یقینی بنانے کیلئے حکومت نے اہم فیصلے کیے ہیں اور متعلقہ اداروں کو ہدایات جاری کر دی گئی ہیں کہ وہ فوری طور پر اقدامات کریں تاکہ شہریوں کو کسی قسم کی مشکلات کا سامنا نہ کرنا پڑے جبکہ مختلف شہروں میں اجلاس منعقد ہوئے جن میں صورتحال کا جائزہ لیا گیا اور آئندہ کے لائحہ عمل پر غور کیا گیا۔ پاکستان میں نئی پالیسی کے تحت عوام کو سہولیات کی فراہمی یقینی بنانے کیلئے حکومت نے اہم فیصلے کیے ہیں اور متعلقہ اداروں کو ہدایات جاری کر دی گئی ہیں کہ وہ فوری طور پر اقدامات کریں تاکہ شہریوں کو کسی قسم کی مشکلات کا سامنا نہ کرنا پڑے جبکہ مختلف شہروں میں اجلاس منعقد ہوئے جن میں صورتحال کا جائزہ لیا گیا اور آئندہ کے لائحہ عمل پر غور کیا گیا۔ پاکستان میں نئی پالیسی کے تحت عوام کو سہولیات کی فراہمی یقینی بنانے کیلئے حکومت نے اہم فیصلے کیے ہیں اور متعلقہ اداروں کو ہدایات جاری کر دی گئی ہیں کہ وہ فوری طور پر اقدامات کریں تاکہ شہریوں کو کسی قسم کی مشکلات کا سامنا نہ کرنا پڑے جبکہ مختلف شہروں میں اجلاس منعقد ہوئے جن میں صورتحال کا جائزہ لیا گیا اور آئندہ کے لائحہ عمل پر غور کیا گیا۔ پاکستان میں نئی پالیسی کے تحت عوام کو سہولیات کی فراہمی یقینی بنانے کیلئے حکومت نے اہم فیصلے کیے ہیں اور متعلقہ اداروں کو ہدایات جاری کر دی گئی ہیں کہ وہ فوری طور پر اقدامات کریں تاکہ شہریوں کو کسی قسم کی مشکلات کا سامنا نہ کرنا پڑے جبکہ مختلف شہروں میں اجلاس منعقد ہوئے جن میں صورتحال کا جائزہ لیا گیا اور آئندہ کے لائحہ عمل پر غور کیا گیا۔ پاکستان میں نئی پالیسی کے تحت عوام کو سہولیات کی فراہمی یقینی بنانے کیلئے حکومت نے اہم فیصلے کیے ہیں اور متعلقہ اداروں کو ہدایات جاری کر دی گئی ہیں کہ وہ فوری طور پر اقدامات کریں تاکہ شہریوں کو کسی قسم کی مشکلات کا سامنا نہ کرنا پڑے جبکہ مختلف شہروں میں اجلاس منعقد ہوئے جن میں صورتحال کا جائزہ لیا گیا اور آئندہ کے لائحہ عمل پر غور کیا گیا۔ پاکستان میں نئی پالیسی کے تحت عوام کو سہولیات کی فراہمی یقینی بنانے کیلئے حکومت نے اہم فیصلے کیے ہیں اور متعلقہ اداروں کو ہدایات جاری کر دی گئی ہیں کہ وہ فوری طور پر اقدامات کریں تاکہ شہریوں کو کسی قسم کی مشکلات کا سامنا نہ کرنا پڑے جبکہ مختلف شہروں میں اجلاس منعقد ہوئے جن میں صورتحال کا جائزہ لیا گیا اور آئندہ کے لائحہ عمل پر غور کیا گیا۔
پاکستان میں نئی پالیسی کے تحت عوام کو سہولیات کی فراہمی یقینی بنانے کیلئے حکومت نے اہم فیصلے کیے ہیں اور متعلقہ اداروں کو ہدایات جاری کر دی گئی ہیں کہ وہ فوری طور پر اقدامات کریں تاکہ شہریوں کو کسی قسم کی مشکلات کا سامنا نہ کرنا پڑے جبکہ مختلف شہروں میں اجلاس منعقد ہوئے جن میں صورتحال کا جائزہ لیا گیا اور آئندہ کے لائحہ عمل پر غور کیا گیا۔ پاکستان میں نئی پالیسی کے تحت عوام کو سہولیات کی فراہمی یقینی بنانے کیلئے حکومت نے اہم فیصلے کیے ہیں اور متعلقہ اداروں کو ہدایات جاری کر دی گئی ہیں کہ وہ فوری طور پر اقدامات کریں تاکہ شہریوں کو کسی قسم کی مشکلات کا سامنا نہ کرنا پڑے جبکہ مختلف شہروں میں اجلاس منعقد ہوئے جن میں صورتحال کا جائزہ لیا گیا اور آئندہ کے لائحہ عمل پر غور کیا گیا۔ پاکستان میں نئی پالیسی کے تحت عوام کو سہولیات کی فراہمی یقینی بنانے کیلئے حکومت نے اہم فیصلے کیے ہیں اور متعلقہ اداروں کو ہدایات جاری کر دی گئی ہیں کہ وہ فوری طور پر اقدامات کریں تاکہ شہریوں کو کسی قسم کی مشکلات کا سامنا نہ کرنا پڑے جبکہ مختلف شہروں میں اجلاس منعقد ہوئے جن میں صورتحال کا جائزہ لیا گیا اور آئندہ کے لائحہ عمل پر غور کیا گیا۔
گمشدگی
✕
پاکستان میں نئی پالیسی کے تحت عوام کو سہولیات کی فراہمی یقینی بنانے کیلئے حکومت نے اہم فیصلے کیے ہیں اور متعلقہ اداروں کو ہدایات جاری کر دی گئی ہیں کہ وہ فوری طور پر اقدامات کریں تاکہ شہریوں کو کسی قسم کی مشکلات کا سامنا نہ کرنا پڑے جبکہ مختلف شہروں میں اجلاس منعقد ہوئے جن میں صورتحال کا جائزہ لیا گیا اور آئندہ کے لائحہ عمل پر غور کیا گیا۔ پاکستان میں نئی پالیسی کے تحت عوام کو سہولیات کی فراہمی یقینی بنانے کیلئے حکومت نے اہم فیصلے کیے ہیں اور متعلقہ اداروں کو ہدایات جاری کر دی گئی ہیں کہ وہ فوری طور پر اقدامات کریں تاکہ شہریوں کو کسی قسم کی مشکلات کا سامنا نہ کرنا پڑے جبکہ مختلف شہروں میں اجلاس منعقد ہوئے جن میں صورتحال کا جائزہ لیا گیا اور آئندہ کے لائحہ عمل پر غور کیا گیا۔
کورٹ نوٹس
⚖
پاکستان میں نئی پالیسی کے تحت عوام کو سہولیات کی فراہمی یقینی بنانے کیلئے حکومت نے اہم فیصلے کیے ہیں اور متعلقہ اداروں کو ہدایات جاری کر دی گئی ہیں کہ وہ فوری طور پر اقدامات کریں تاکہ شہریوں کو کسی قسم کی مشکلات کا سامنا نہ کرنا پڑے جبکہ مختلف شہروں میں اجلاس منعقد ہوئے جن میں صورتحال کا جائزہ لیا گیا اور آئندہ کے لائحہ عمل پر غور کیا گیا۔ پاکستان میں نئی پالیسی کے تحت عوام کو سہولیات کی فراہمی یقینی بنانے کیلئے حکومت نے اہم فیصلے کیے ہیں اور متعلقہ اداروں کو ہدایات جاری کر دی گئی ہیں کہ وہ فوری طور پر اقدامات کریں تاکہ شہریوں کو کسی قسم کی مشکلات کا سامنا نہ کرنا پڑے جبکہ مختلف شہروں میں اجلاس منعقد ہوئے جن میں صورتحال کا جائزہ لیا گیا اور آئندہ کے لائحہ عمل پر غور کیا گیا۔ پاکستان میں نئی پالیسی کے تحت عوام کو سہولیات کی فراہمی یقینی بنانے کیلئے حکومت نے اہم فیصلے کیے ہیں اور متعلقہ اداروں کو ہدایات جاری کر دی گئی ہیں کہ وہ فوری طور پر اقدامات کریں تاکہ شہریوں کو کسی قسم کی مشکلات کا سامنا نہ کرنا پڑے جبکہ مختلف شہروں میں اجلاس منعقد ہوئے جن میں صورتحال کا جائزہ لیا گیا اور آئندہ کے لائحہ عمل پر غور کیا گیا۔
STF
پاکستان میں نئی پالیسی کے تحت عوام کو سہولیات کی فراہمی یقینی بنانے کیلئے حکومت نے اہم فیصلے کیے ہیں اور متعلقہ اداروں کو ہدایات جاری کر دی گئی ہیں کہ وہ فوری طور پر اقدامات کریں تاکہ شہریوں کو کسی قسم کی مشکلات کا سامنا نہ کرنا پڑے جبکہ مختلف شہروں میں اجلاس منعقد ہوئے جن میں صورتحال کا جائزہ لیا گیا اور آئندہ کے لائحہ عمل پر غور کیا گیا۔ پاکستان میں نئی پالیسی کے تحت عوام کو سہولیات کی فراہمی یقینی بنانے کیلئے حکومت نے اہم فیصلے کیے ہیں اور متعلقہ اداروں کو ہدایات جاری کر دی گئی ہیں کہ وہ فوری طور پر اقدامات کریں تاکہ شہریوں کو کسی قسم کی مشکلات کا سامنا نہ کرنا پڑے جبکہ مختلف شہروں میں اجلاس منعقد ہوئے جن میں صورتحال کا جائزہ لیا گیا اور آئندہ کے لائحہ عمل پر غور کیا گیا۔ پاکستان میں نئی پالیسی کے تحت عوام کو سہولیات کی فراہمی یقینی بنانے کیلئے حکومت نے اہم فیصلے کیے ہیں اور متعلقہ اداروں کو ہدایات جاری کر دی گئی ہیں کہ وہ فوری طور پر اقدامات کریں تاکہ شہریوں کو کسی قسم کی مشکلات کا سامنا نہ کرنا پڑے جبکہ مختلف شہروں میں اجلاس منعقد ہوئے جن میں صورتحال کا جائزہ لیا گیا اور آئندہ کے لائحہ عمل پر غور کیا گیا۔
STF
امریکہ کا فیکٹر کرے چوری کا صاف
پاکستان میں نئی پالیسی کے تحت عوام کو سہولیات کی فراہمی یقینی بنانے کیلئے حکومت نے اہم فیصلے کیے ہیں اور متعلقہ اداروں کو ہدایات جاری کر دی گئی ہیں کہ وہ فوری طور پر اقدامات کریں تاکہ شہریوں کو کسی قسم کی مشکلات کا سامنا نہ کرنا پڑے جبکہ مختلف شہروں میں اجلاس منعقد ہوئے جن میں صورتحال کا جائزہ لیا گیا اور آئندہ کے لائحہ عمل پر غور کیا گیا۔ پاکستان میں نئی پالیسی کے تحت عوام کو سہولیات کی فراہمی یقینی بنانے کیلئے حکومت نے اہم فیصلے کیے ہیں اور متعلقہ اداروں کو ہدایات جاری کر دی گئی ہیں کہ وہ فوری طور پر اقدامات کریں تاکہ شہریوں کو کسی قسم کی مشکلات کا سامنا نہ کرنا پڑے جبکہ مختلف شہروں میں اجلاس منعقد ہوئے جن میں صورتحال کا جائزہ لیا گیا اور آئندہ کے لائحہ عمل پر غور کیا گیا۔ پاکستان میں نئی پالیسی کے تحت عوام کو سہولیات کی فراہمی یقینی بنانے کیلئے حکومت نے اہم فیصلے کیے ہیں اور متعلقہ اداروں کو ہدایات جاری کر دی گئی ہیں کہ وہ فوری طور پر اقدامات کریں تاکہ شہریوں کو کسی قسم کی مشکلات کا سامنا نہ کرنا پڑے جبکہ مختلف شہروں میں اجلاس منعقد ہوئے جن میں صورتحال کا جائزہ لیا گیا اور آئندہ کے لائحہ عمل پر غور کیا گیا۔ پاکستان میں نئی پالیسی کے تحت عوام کو سہولیات کی فراہمی یقینی بنانے کیلئے حکومت نے اہم فیصلے کیے ہیں اور متعلقہ اداروں کو ہدایات جاری کر دی گئی ہیں کہ وہ فوری طور پر اقدامات کریں تاکہ شہریوں کو کسی قسم کی مشکلات کا سامنا نہ کرنا پڑے جبکہ مختلف شہروں میں اجلاس منعقد ہوئے جن میں صورتحال کا جائزہ لیا گیا اور آئندہ کے لائحہ عمل پر غور کیا گیا۔ پاکستان میں نئی پالیسی کے تحت عوام کو سہولیات کی فراہمی یقینی بنانے کیلئے حکومت نے اہم فیصلے کیے ہیں اور متعلقہ اداروں کو ہدایات جاری کر دی گئی ہیں کہ وہ فوری طور پر اقدامات کریں تاکہ شہریوں کو کسی قسم کی مشکلات کا سامنا نہ کرنا پڑے جبکہ مختلف شہروں میں اجلاس منعقد ہوئے جن میں صورتحال کا جائزہ لیا گیا اور آئندہ کے لائحہ عمل پر غور کیا گیا۔ پاکستان میں نئی پالیسی کے تحت عوام کو سہولیات کی فراہمی یقینی بنانے کیلئے حکومت نے اہم فیصلے کیے ہیں اور متعلقہ اداروں کو ہدایات جاری کر دی گئی ہیں کہ وہ فوری طور پر اقدامات کریں تاکہ شہریوں کو کسی قسم کی مشکلات کا سامنا نہ کرنا پڑے جبکہ مختلف شہروں میں اجلاس منعقد ہوئے جن میں صورتحال کا جائزہ لیا گیا اور آئندہ کے لائحہ عمل پر غور کیا گیا۔ پاکستان میں نئی پالیسی کے تحت عوام کو سہولیات کی فراہمی یقینی بنانے کیلئے حکومت نے اہم فیصلے کیے ہیں اور متعلقہ اداروں کو ہدایات جاری کر دی گئی ہیں کہ وہ فوری طور پر اقدامات کریں تاکہ شہریوں کو کسی قسم کی مشکلات کا سامنا نہ کرنا پڑے جبکہ مختلف شہروں میں اجلاس منعقد ہوئے جن میں صورتحال کا جائزہ لیا گیا اور آئندہ کے لائحہ عمل پر غور کیا گیا۔ پاکستان میں نئی پالیسی کے تحت عوام کو سہولیات کی فراہمی یقینی بنانے کیلئے حکومت نے اہم فیصلے کیے ہیں اور متعلقہ اداروں کو ہدایات جاری کر دی گئی ہیں کہ وہ فوری طور پر اقدامات کریں تاکہ شہریوں کو کسی قسم کی مشکلات کا سامنا نہ کرنا پڑے جبکہ مختلف شہروں میں اجلاس منعقد ہوئے جن میں صورتحال کا جائزہ لیا گیا اور آئندہ کے لائحہ عمل پر غور کیا گیا۔
پاکستان میں نئی پالیسی کے تحت عوام کو سہولیات کی فراہمی یقینی بنانے کیلئے حکومت نے اہم فیصلے کیے ہیں اور متعلقہ اداروں کو ہدایات جاری کر دی گئی ہیں کہ وہ فوری طور پر اقدامات کریں تاکہ شہریوں کو کسی قسم کی مشکلات کا سامنا نہ کرنا پڑے جبکہ مختلف شہروں میں اجلاس منعقد ہوئے جن میں صورتحال کا جائزہ لیا گیا اور آئندہ کے لائحہ عمل پر غور کیا گیا۔ پاکستان میں نئی پالیسی کے تحت عوام کو سہولیات کی فراہمی یقینی بنانے کیلئے حکومت نے اہم فیصلے کیے ہیں اور متعلقہ اداروں کو ہدایات جاری کر دی گئی ہیں کہ وہ فوری طور پر اقدامات کریں تاکہ شہریوں کو کسی قسم کی مشکلات کا سامنا نہ کرنا پڑے جبکہ مختلف شہروں میں اجلاس منعقد ہوئے جن میں صورتحال کا جائزہ لیا گیا اور آئندہ کے لائحہ عمل پر غور کیا گیا۔ پاکستان میں نئی پالیسی کے تحت عوام کو سہولیات کی فراہمی یقینی بنانے کیلئے حکومت نے اہم فیصلے کیے ہیں اور متعلقہ اداروں کو ہدایات جاری کر دی گئی ہیں کہ وہ فوری طور پر اقدامات کریں تاکہ شہریوں کو کسی قسم کی مشکلات کا سامنا نہ کرنا پڑے جبکہ مختلف شہروں میں اجلاس منعقد ہوئے جن میں صورتحال کا جائزہ لیا گیا اور آئندہ کے لائحہ عمل پر غور کیا گیا۔
STF
پاکستان میں نئی پالیسی کے تحت عوام کو سہولیات کی فراہمی یقینی بنانے کیلئے حکومت نے اہم فیصلے کیے ہیں اور متعلقہ اداروں کو ہدایات جاری کر دی گئی ہیں کہ وہ فوری طور پر اقدامات کریں تاکہ شہریوں کو کسی قسم کی مشکلات کا سامنا نہ کرنا پڑے جبکہ مختلف شہروں میں اجلاس منعقد ہوئے جن میں صورتحال کا جائزہ لیا گیا اور آئندہ کے لائحہ عمل پر غور کیا گیا۔ پاکستان میں نئی پالیسی کے تحت عوام کو سہولیات کی فراہمی یقینی بنانے کیلئے حکومت نے اہم فیصلے کیے ہیں اور متعلقہ اداروں کو ہدایات جاری کر دی گئی ہیں کہ وہ فوری طور پر اقدامات کریں تاکہ شہریوں کو کسی قسم کی مشکلات کا سامنا نہ کرنا پڑے جبکہ مختلف شہروں میں اجلاس منعقد ہوئے جن میں صورتحال کا جائزہ لیا گیا اور آئندہ کے لائحہ عمل پر غور کیا گیا۔
STF
کورٹ نوٹس
⚖
پاکستان میں نئی پالیسی کے تحت عوام کو سہولیات کی فراہمی یقینی بنانے کیلئے حکومت نے اہم فیصلے کیے ہیں اور متعلقہ اداروں کو ہدایات جاری کر دی گئی ہیں کہ وہ فوری طور پر اقدامات کریں تاکہ شہریوں کو کسی قسم کی مشکلات کا سامنا نہ کرنا پڑے جبکہ مختلف شہروں میں اجلاس منعقد ہوئے جن میں صورتحال کا جائزہ لیا گیا اور آئندہ کے لائحہ عمل پر غور کیا گیا۔ پاکستان میں نئی پالیسی کے تحت عوام کو سہولیات کی فراہمی یقینی بنانے کیلئے حکومت نے اہم فیصلے کیے ہیں اور متعلقہ اداروں کو ہدایات جاری کر دی گئی ہیں کہ وہ فوری طور پر اقدامات کریں تاکہ شہریوں کو کسی قسم کی مشکلات کا سامنا نہ کرنا پڑے جبکہ مختلف شہروں میں اجلاس منعقد ہوئے جن میں صورتحال کا جائزہ لیا گیا اور آئندہ کے لائحہ عمل پر غور کیا گیا۔ پاکستان میں نئی پالیسی کے تحت عوام کو سہولیات کی فراہمی یقینی بنانے کیلئے حکومت نے اہم فیصلے کیے ہیں اور متعلقہ اداروں کو ہدایات جاری کر دی گئی ہیں کہ وہ فوری طور پر اقدامات کریں تاکہ شہریوں کو کسی قسم کی مشکلات کا سامنا نہ کرنا پڑے جبکہ مختلف شہروں میں اجلاس منعقد ہوئے جن میں صورتحال کا جائزہ لیا گیا اور آئندہ کے لائحہ عمل پر غور کیا گیا۔
STF
پاکستان میں نئی پالیسی کے تحت عوام کو سہولیات کی فراہمی یقینی بنانے کیلئے حکومت نے اہم فیصلے کیے ہیں اور متعلقہ اداروں کو ہدایات جاری کر دی گئی ہیں کہ وہ فوری طور پر اقدامات کریں تاکہ شہریوں کو کسی قسم کی مشکلات کا سامنا نہ کرنا پڑے جبکہ مختلف شہروں میں اجلاس منعقد ہوئے جن میں صورتحال کا جائزہ لیا گیا اور آئندہ کے لائحہ عمل پر غور کیا گیا۔ پاکستان میں نئی پالیسی کے تحت عوام کو سہولیات کی فراہمی یقینی بنانے کیلئے حکومت نے اہم فیصلے کیے ہیں اور متعلقہ اداروں کو ہدایات جاری کر دی گئی ہیں کہ وہ فوری طور پر اقدامات کریں تاکہ شہریوں کو کسی قسم کی مشکلات کا سامنا نہ کرنا پڑے جبکہ مختلف شہروں میں اجلاس منعقد ہوئے جن میں صورتحال کا جائزہ لیا گیا اور آئندہ کے لائحہ عمل پر غور کیا گیا۔ پاکستان میں نئی پالیسی کے تحت عوام کو سہولیات کی فراہمی یقینی بنانے کیلئے حکومت نے اہم فیصلے کیے ہیں اور متعلقہ اداروں کو ہدایات جاری کر دی گئی ہیں کہ وہ فوری طور پر اقدامات کریں تاکہ شہریوں کو کسی قسم کی مشکلات کا سامنا نہ کرنا پڑے جبکہ مختلف شہروں میں اجلاس منعقد ہوئے جن میں صورتحال کا جائزہ لیا گیا اور آئندہ کے لائحہ عمل پر غور کیا گیا۔
STF
کیم آموں کی طاقت کیلئے خصوصی بجلی کا استعمال میں اضافہ
پاکستان میں نئی پالیسی کے تحت عوام کو سہولیات کی فراہمی یقینی بنانے کیلئے حکومت نے اہم فیصلے کیے ہیں اور متعلقہ اداروں کو ہدایات جاری کر دی گئی ہیں کہ وہ فوری طور پر اقدامات کریں تاکہ شہریوں کو کسی قسم کی مشکلات کا سامنا نہ کرنا پڑے جبکہ مختلف شہروں میں اجلاس منعقد ہوئے جن میں صورتحال کا جائزہ لیا گیا اور آئندہ کے لائحہ عمل پر غور کیا گیا۔ پاکستان میں نئی پالیسی کے تحت عوام کو سہولیات کی فراہمی یقینی بنانے کیلئے حکومت نے اہم فیصلے کیے ہیں اور متعلقہ اداروں کو ہدایات جاری کر دی گئی ہیں کہ وہ فوری طور پر اقدامات کریں تاکہ شہریوں کو کسی قسم کی مشکلات کا سامنا نہ کرنا پڑے جبکہ مختلف شہروں میں اجلاس منعقد ہوئے جن میں صورتحال کا جائزہ لیا گیا اور آئندہ کے لائحہ عمل پر غور کیا گیا۔ پاکستان میں نئی پالیسی کے تحت عوام کو سہولیات کی فراہمی یقینی بنانے کیلئے حکومت نے اہم فیصلے کیے ہیں اور متعلقہ اداروں کو ہدایات جاری کر دی گئی ہیں کہ وہ فوری طور پر اقدامات کریں تاکہ شہریوں کو کسی قسم کی مشکلات کا سامنا نہ کرنا پڑے جبکہ مختلف شہروں میں اجلاس منعقد ہوئے جن میں صورتحال کا جائزہ لیا گیا اور آئندہ کے لائحہ عمل پر غور کیا گیا۔ پاکستان میں نئی پالیسی کے تحت عوام کو سہولیات کی فراہمی یقینی بنانے کیلئے حکومت نے اہم فیصلے کیے ہیں اور متعلقہ اداروں کو ہدایات جاری کر دی گئی ہیں کہ وہ فوری طور پر اقدامات کریں تاکہ شہریوں کو کسی قسم کی مشکلات کا سامنا نہ کرنا پڑے جبکہ مختلف شہروں میں اجلاس منعقد ہوئے جن میں صورتحال کا جائزہ لیا گیا اور آئندہ کے لائحہ عمل پر غور کیا گیا۔ پاکستان میں نئی پالیسی کے تحت عوام کو سہولیات کی فراہمی یقینی بنانے کیلئے حکومت نے اہم فیصلے کیے ہیں اور متعلقہ اداروں کو ہدایات جاری کر دی گئی ہیں کہ وہ فوری طور پر اقدامات کریں تاکہ شہریوں کو کسی قسم کی مشکلات کا سامنا نہ کرنا پڑے جبکہ مختلف شہروں میں اجلاس منعقد ہوئے جن میں صورتحال کا جائزہ لیا گیا اور آئندہ کے لائحہ عمل پر غور کیا گیا۔ پاکستان میں نئی پالیسی کے تحت عوام کو سہولیات کی فراہمی یقینی بنانے کیلئے حکومت نے اہم فیصلے کیے ہیں اور متعلقہ اداروں کو ہدایات جاری کر دی گئی ہیں کہ وہ فوری طور پر اقدامات کریں تاکہ شہریوں کو کسی قسم کی مشکلات کا سامنا نہ کرنا پڑے جبکہ مختلف شہروں میں اجلاس منعقد ہوئے جن میں صورتحال کا جائزہ لیا گیا اور آئندہ کے لائحہ عمل پر غور کیا گیا۔ پاکستان میں نئی پالیسی کے تحت عوام کو سہولیات کی فراہمی یقینی بنانے کیلئے حکومت نے اہم فیصلے کیے ہیں اور متعلقہ اداروں کو ہدایات جاری کر دی گئی ہیں کہ وہ فوری طور پر اقدامات کریں تاکہ شہریوں کو کسی قسم کی مشکلات کا سامنا نہ کرنا پڑے جبکہ مختلف شہروں میں اجلاس منعقد ہوئے جن میں صورتحال کا جائزہ لیا گیا اور آئندہ کے لائحہ عمل پر غور کیا گیا۔ پاکستان میں نئی پالیسی کے تحت عوام کو سہولیات کی فراہمی یقینی بنانے کیلئے حکومت نے اہم فیصلے کیے ہیں اور متعلقہ اداروں کو ہدایات جاری کر دی گئی ہیں کہ وہ فوری طور پر اقدامات کریں تاکہ شہریوں کو کسی قسم کی مشکلات کا سامنا نہ کرنا پڑے جبکہ مختلف شہروں میں اجلاس منعقد ہوئے جن میں صورتحال کا جائزہ لیا گیا اور آئندہ کے لائحہ عمل پر غور کیا گیا۔
مختصر اشتہارات
فی سطر -/100 روپے 3 سطر
اشتہارات کی بکنگ کیلئے رابطہ کریں
021-3655270,71,72
